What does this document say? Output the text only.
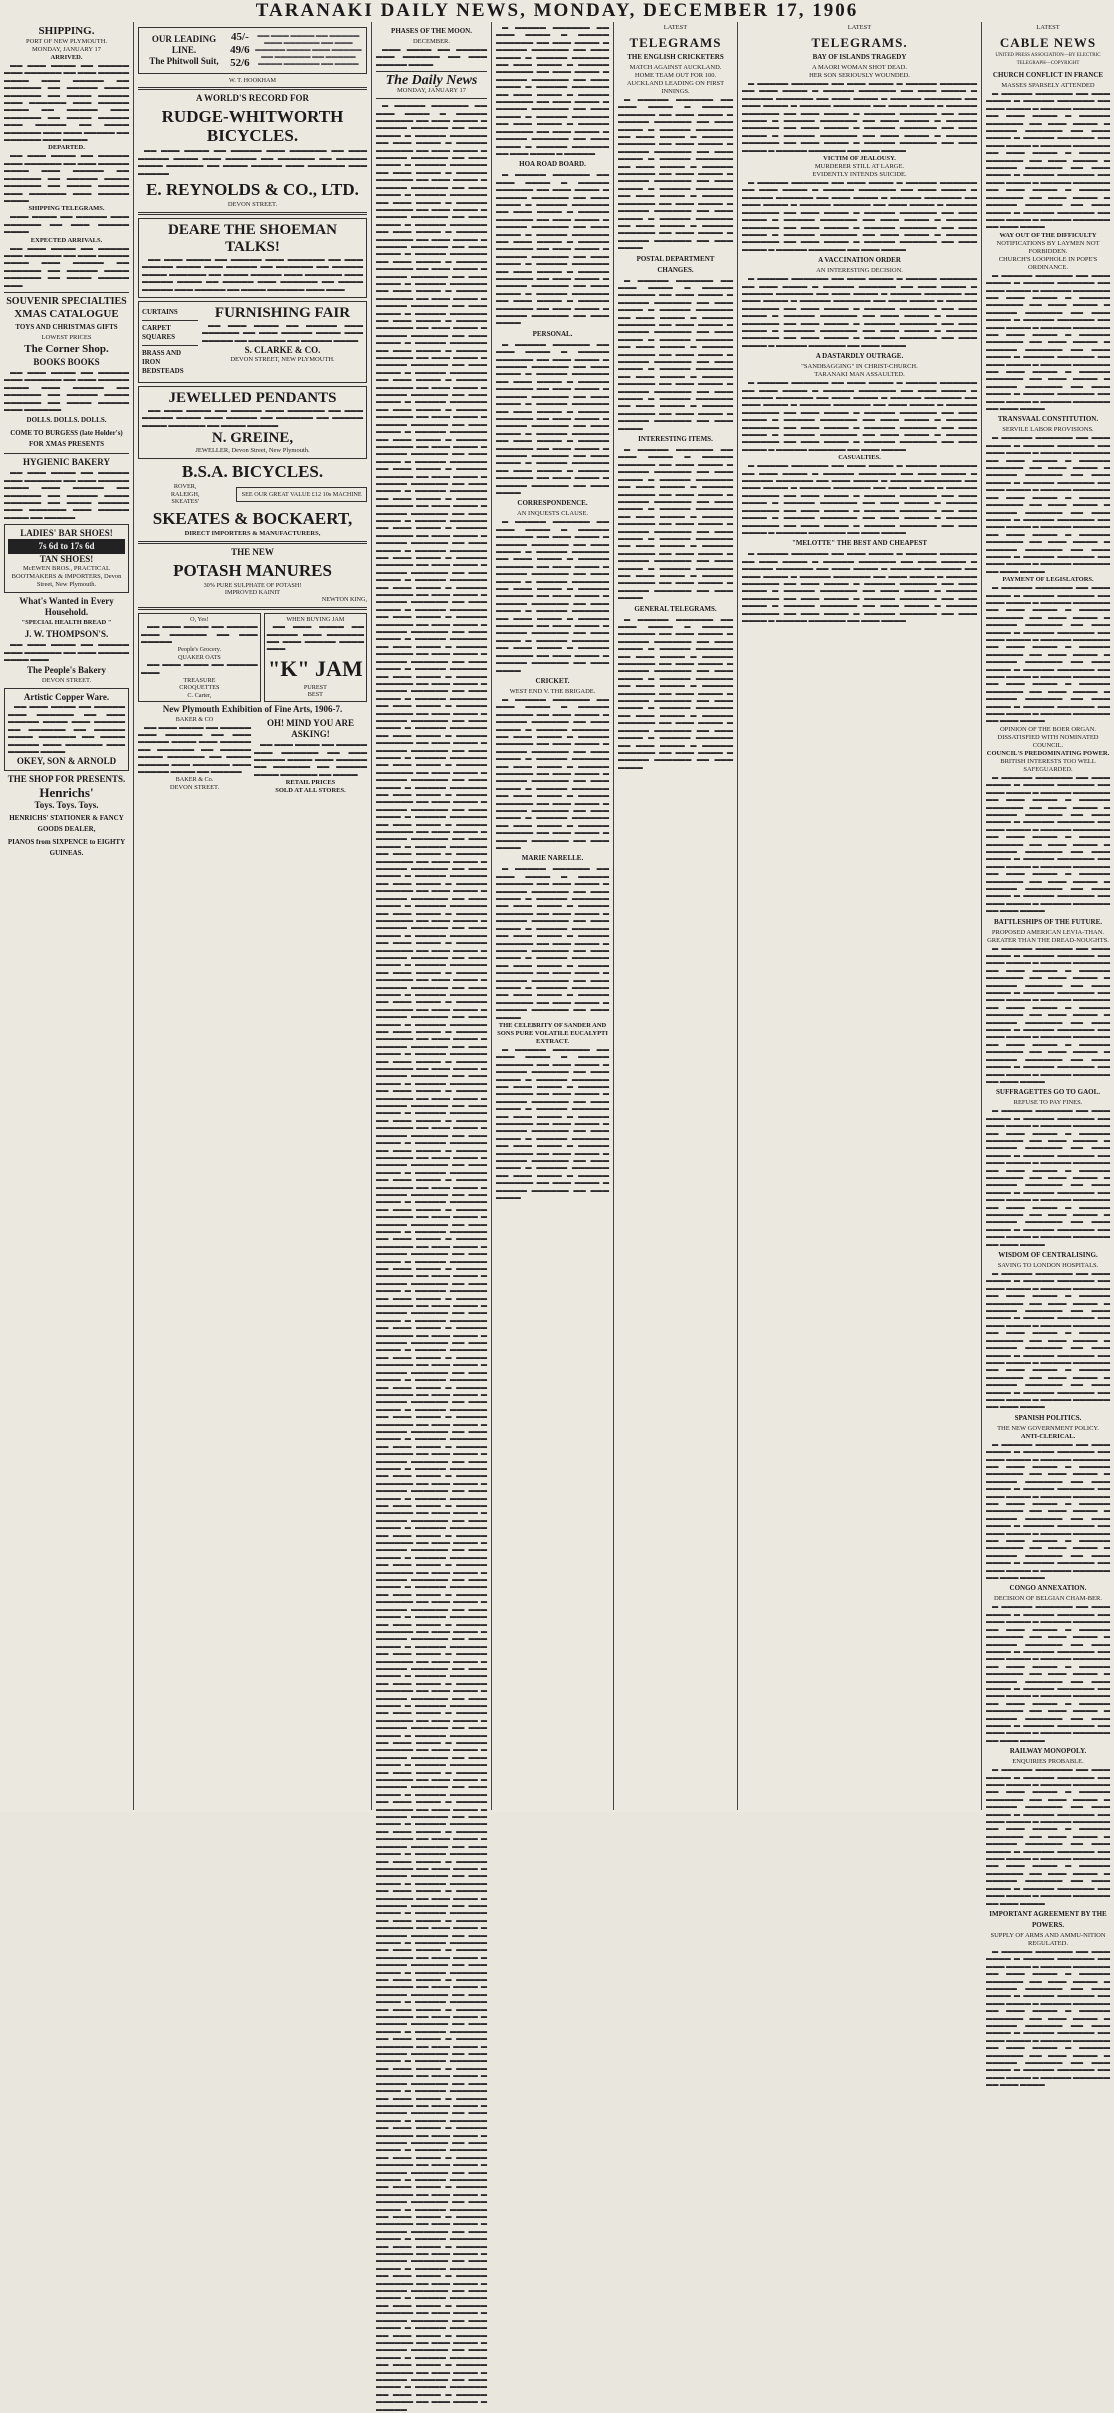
TARANAKI DAILY NEWS, MONDAY, DECEMBER 17, 1906
SHIPPING.
PORT OF NEW PLYMOUTH.
MONDAY, JANUARY 17
ARRIVED.

▬▬ ▬▬▬ ▬▬▬▬ ▬▬ ▬▬▬▬▬ ▬▬▬ ▬▬▬▬▬▬ ▬▬ ▬▬▬ ▬▬▬▬▬ ▬▬▬▬ ▬▬▬ ▬▬▬▬▬ ▬▬ ▬▬▬▬▬▬ ▬▬ ▬▬▬▬▬ ▬▬▬▬ ▬▬▬▬▬▬ ▬▬ ▬▬▬▬ ▬▬▬▬▬ ▬▬▬ ▬▬▬▬▬▬ ▬▬▬ ▬▬▬▬▬ ▬▬▬▬ ▬▬ ▬▬▬▬▬ ▬▬▬ ▬▬▬▬▬▬ ▬▬ ▬▬▬▬ ▬▬▬▬▬ ▬▬▬ ▬▬▬▬▬ ▬▬ ▬▬▬▬ ▬▬▬▬▬▬ ▬▬▬ ▬▬▬ ▬▬▬▬▬ ▬▬ ▬▬▬▬▬▬ ▬▬▬ ▬▬▬▬

DEPARTED.

▬▬ ▬▬▬ ▬▬▬▬ ▬▬ ▬▬▬▬▬ ▬▬▬ ▬▬▬▬▬▬ ▬▬ ▬▬▬ ▬▬▬▬▬ ▬▬▬▬ ▬▬▬ ▬▬▬▬▬ ▬▬ ▬▬▬▬▬▬ ▬▬ ▬▬▬▬▬ ▬▬▬▬ ▬▬▬▬▬▬ ▬▬ ▬▬▬▬ ▬▬▬▬▬ ▬▬▬ ▬▬▬▬▬▬ ▬▬▬ ▬▬▬▬▬ ▬▬▬▬

SHIPPING TELEGRAMS.

▬▬▬ ▬▬▬▬ ▬▬ ▬▬▬▬▬ ▬▬▬ ▬▬▬▬▬▬ ▬▬ ▬▬▬ ▬▬▬▬▬ ▬▬▬▬

EXPECTED ARRIVALS.

▬▬ ▬▬▬ ▬▬▬▬ ▬▬ ▬▬▬▬▬ ▬▬▬ ▬▬▬▬▬▬ ▬▬ ▬▬▬ ▬▬▬▬▬ ▬▬▬▬ ▬▬▬ ▬▬▬▬▬ ▬▬ ▬▬▬▬▬▬ ▬▬ ▬▬▬▬▬ ▬▬▬▬ ▬▬▬▬▬▬ ▬▬ ▬▬▬▬ ▬▬▬▬▬ ▬▬▬

SOUVENIR SPECIALTIES
XMAS CATALOGUE
TOYS AND CHRISTMAS GIFTS
LOWEST PRICES
The Corner Shop.
BOOKS BOOKS

▬▬ ▬▬▬ ▬▬▬▬ ▬▬ ▬▬▬▬▬ ▬▬▬ ▬▬▬▬▬▬ ▬▬ ▬▬▬ ▬▬▬▬▬ ▬▬▬▬ ▬▬▬ ▬▬▬▬▬ ▬▬ ▬▬▬▬▬▬ ▬▬ ▬▬▬▬▬ ▬▬▬▬ ▬▬▬▬▬▬ ▬▬ ▬▬▬▬ ▬▬▬▬▬ ▬▬▬ ▬▬▬▬▬▬

DOLLS. DOLLS. DOLLS.
COME TO BURGESS (late Holder's) FOR XMAS PRESENTS
HYGIENIC BAKERY

▬▬ ▬▬▬ ▬▬▬▬ ▬▬ ▬▬▬▬▬ ▬▬▬ ▬▬▬▬▬▬ ▬▬ ▬▬▬ ▬▬▬▬▬ ▬▬▬▬ ▬▬▬ ▬▬▬▬▬ ▬▬ ▬▬▬▬▬▬ ▬▬ ▬▬▬▬▬ ▬▬▬▬ ▬▬▬▬▬▬ ▬▬ ▬▬▬▬ ▬▬▬▬▬ ▬▬▬ ▬▬▬▬▬▬ ▬▬▬ ▬▬▬▬▬ ▬▬▬▬ ▬▬ ▬▬▬▬▬

LADIES' BAR SHOES!
7s 6d to 17s 6d
TAN SHOES!
McEWEN BROS., PRACTICAL BOOTMAKERS & IMPORTERS, Devon Street, New Plymouth.
What's Wanted in Every Household.
"SPECIAL HEALTH BREAD "
J. W. THOMPSON'S.

▬▬ ▬▬▬ ▬▬▬▬ ▬▬ ▬▬▬▬▬ ▬▬▬ ▬▬▬▬▬▬ ▬▬ ▬▬▬ ▬▬▬▬▬ ▬▬▬▬ ▬▬▬

The People's Bakery
DEVON STREET.
Artistic Copper Ware.

▬▬ ▬▬▬ ▬▬▬▬ ▬▬ ▬▬▬▬▬ ▬▬▬ ▬▬▬▬▬▬ ▬▬ ▬▬▬ ▬▬▬▬▬ ▬▬▬▬ ▬▬▬ ▬▬▬▬▬ ▬▬ ▬▬▬▬▬▬ ▬▬ ▬▬▬▬▬ ▬▬▬▬ ▬▬▬▬▬▬ ▬▬ ▬▬▬▬ ▬▬▬▬▬ ▬▬▬ ▬▬▬▬▬▬ ▬▬▬ ▬▬▬▬▬ ▬▬▬▬

OKEY, SON & ARNOLD
THE SHOP FOR PRESENTS.
Henrichs'
Toys. Toys. Toys.
HENRICHS' STATIONER & FANCY GOODS DEALER,
PIANOS from SIXPENCE to EIGHTY GUINEAS.
OUR LEADING LINE.
The Phitwoll Suit,
45/-
49/6
52/6
▬▬ ▬▬▬ ▬▬▬▬ ▬▬ ▬▬▬▬▬ ▬▬▬ ▬▬▬▬▬▬ ▬▬ ▬▬▬ ▬▬▬▬▬ ▬▬▬▬ ▬▬▬ ▬▬▬▬▬ ▬▬ ▬▬▬▬▬▬ ▬▬ ▬▬▬▬▬ ▬▬▬▬ ▬▬▬▬▬▬ ▬▬ ▬▬▬▬
W. T. HOOKHAM
A WORLD'S RECORD FOR
RUDGE-WHITWORTH BICYCLES.

▬▬ ▬▬▬ ▬▬▬▬ ▬▬ ▬▬▬▬▬ ▬▬▬ ▬▬▬▬▬▬ ▬▬ ▬▬▬ ▬▬▬▬▬ ▬▬▬▬ ▬▬▬ ▬▬▬▬▬ ▬▬ ▬▬▬▬▬▬ ▬▬ ▬▬▬▬▬ ▬▬▬▬ ▬▬▬▬▬▬ ▬▬ ▬▬▬▬ ▬▬▬▬▬ ▬▬▬ ▬▬▬▬▬▬ ▬▬▬ ▬▬▬▬▬

E. REYNOLDS & CO., LTD.
DEVON STREET.
DEARE THE SHOEMAN TALKS!

▬▬ ▬▬▬ ▬▬▬▬ ▬▬ ▬▬▬▬▬ ▬▬▬ ▬▬▬▬▬▬ ▬▬ ▬▬▬ ▬▬▬▬▬ ▬▬▬▬ ▬▬▬ ▬▬▬▬▬ ▬▬ ▬▬▬▬▬▬ ▬▬ ▬▬▬▬▬ ▬▬▬▬ ▬▬▬▬▬▬ ▬▬ ▬▬▬▬ ▬▬▬▬▬ ▬▬▬ ▬▬▬▬▬▬ ▬▬▬ ▬▬▬▬▬ ▬▬▬▬ ▬▬ ▬▬▬▬▬ ▬▬▬ ▬▬▬▬▬▬ ▬▬ ▬▬▬▬ ▬▬▬▬▬ ▬▬▬ ▬▬▬▬▬ ▬▬ ▬▬▬▬ ▬▬▬▬▬▬ ▬▬▬ ▬▬▬

CURTAINS
CARPET SQUARES
BRASS AND IRON BEDSTEADS
FURNISHING FAIR

▬▬ ▬▬▬ ▬▬▬▬ ▬▬ ▬▬▬▬▬ ▬▬▬ ▬▬▬▬▬▬ ▬▬ ▬▬▬ ▬▬▬▬▬ ▬▬▬▬ ▬▬▬ ▬▬▬▬▬ ▬▬ ▬▬▬▬▬▬ ▬▬ ▬▬▬▬▬ ▬▬▬▬

S. CLARKE & CO.
DEVON STREET, NEW PLYMOUTH.
JEWELLED PENDANTS

▬▬ ▬▬▬ ▬▬▬▬ ▬▬ ▬▬▬▬▬ ▬▬▬ ▬▬▬▬▬▬ ▬▬ ▬▬▬ ▬▬▬▬▬ ▬▬▬▬ ▬▬▬ ▬▬▬▬▬ ▬▬ ▬▬▬▬▬▬ ▬▬ ▬▬▬▬▬ ▬▬▬▬ ▬▬▬▬▬▬ ▬▬ ▬▬▬▬ ▬▬▬▬▬

N. GREINE,
JEWELLER, Devon Street, New Plymouth.
B.S.A. BICYCLES.
ROVER,
RALEIGH,
SKEATES'
SEE OUR GREAT VALUE £12 10s MACHINE
SKEATES & BOCKAERT,
DIRECT IMPORTERS & MANUFACTURERS,
THE NEW
POTASH MANURES
30% PURE SULPHATE OF POTASH!
IMPROVED KAINIT
NEWTON KING,
O, Yes!

▬▬ ▬▬▬ ▬▬▬▬ ▬▬ ▬▬▬▬▬ ▬▬▬ ▬▬▬▬▬▬ ▬▬ ▬▬▬ ▬▬▬▬▬

People's Grocery.
QUAKER OATS

▬▬ ▬▬▬ ▬▬▬▬ ▬▬ ▬▬▬▬▬ ▬▬▬

TREASURE
CROQUETTES
C. Carter,
WHEN BUYING JAM

▬▬ ▬▬▬ ▬▬▬▬ ▬▬ ▬▬▬▬▬ ▬▬▬ ▬▬▬▬▬▬ ▬▬ ▬▬▬ ▬▬▬▬▬ ▬▬▬▬ ▬▬▬

"K" JAM
PUREST
BEST
New Plymouth Exhibition of Fine Arts, 1906-7.
BAKER & CO

▬▬ ▬▬▬ ▬▬▬▬ ▬▬ ▬▬▬▬▬ ▬▬▬ ▬▬▬▬▬▬ ▬▬ ▬▬▬ ▬▬▬▬▬ ▬▬▬▬ ▬▬▬ ▬▬▬▬▬ ▬▬ ▬▬▬▬▬▬ ▬▬ ▬▬▬▬▬ ▬▬▬▬ ▬▬▬▬▬▬ ▬▬ ▬▬▬▬ ▬▬▬▬▬ ▬▬▬ ▬▬▬▬▬▬ ▬▬▬ ▬▬▬▬▬ ▬▬▬▬ ▬▬ ▬▬▬▬▬

BAKER & Co.
DEVON STREET.
OH! MIND YOU ARE ASKING!

▬▬ ▬▬▬ ▬▬▬▬ ▬▬ ▬▬▬▬▬ ▬▬▬ ▬▬▬▬▬▬ ▬▬ ▬▬▬ ▬▬▬▬▬ ▬▬▬▬ ▬▬▬ ▬▬▬▬▬ ▬▬ ▬▬▬▬▬▬ ▬▬ ▬▬▬▬▬ ▬▬▬▬ ▬▬▬▬▬▬ ▬▬ ▬▬▬▬

RETAIL PRICES
SOLD AT ALL STORES.
PHASES OF THE MOON.
DECEMBER.

▬▬▬ ▬▬▬▬ ▬▬ ▬▬▬▬▬ ▬▬▬ ▬▬▬▬▬▬ ▬▬ ▬▬▬ ▬▬▬▬▬ ▬▬▬▬

The Daily News
MONDAY, JANUARY 17

▬ ▬▬▬▬▬ ▬▬▬▬▬▬ ▬▬ ▬▬▬ ▬▬▬▬ ▬ ▬▬▬▬▬ ▬▬▬▬▬▬ ▬▬ ▬▬▬ ▬▬▬▬ ▬ ▬▬▬▬▬ ▬▬▬▬▬▬ ▬▬ ▬▬▬ ▬▬▬▬ ▬ ▬▬▬▬▬ ▬▬▬▬▬▬ ▬▬ ▬▬▬ ▬▬▬▬ ▬ ▬▬▬▬▬ ▬▬▬▬▬▬ ▬▬ ▬▬▬ ▬▬▬▬ ▬ ▬▬▬▬▬ ▬▬▬▬▬▬ ▬▬ ▬▬▬ ▬▬▬▬ ▬ ▬▬▬▬▬ ▬▬▬▬▬▬ ▬▬ ▬▬▬ ▬▬▬▬ ▬ ▬▬▬▬▬ ▬▬▬▬▬▬ ▬▬ ▬▬▬ ▬▬▬▬ ▬ ▬▬▬▬▬ ▬▬▬▬▬▬ ▬▬ ▬▬▬ ▬▬▬▬ ▬ ▬▬▬▬▬ ▬▬▬▬▬▬ ▬▬ ▬▬▬ ▬▬▬▬ ▬ ▬▬▬▬▬ ▬▬▬▬▬▬ ▬▬ ▬▬▬ ▬▬▬▬ ▬ ▬▬▬▬▬ ▬▬▬▬▬▬ ▬▬ ▬▬▬ ▬▬▬▬ ▬ ▬▬▬▬▬ ▬▬▬▬▬▬ ▬▬ ▬▬▬ ▬▬▬▬ ▬ ▬▬▬▬▬ ▬▬▬▬▬▬ ▬▬ ▬▬▬ ▬▬▬▬ ▬ ▬▬▬▬▬ ▬▬▬▬▬▬ ▬▬ ▬▬▬ ▬▬▬▬ ▬ ▬▬▬▬▬ ▬▬▬▬▬▬ ▬▬ ▬▬▬ ▬▬▬▬ ▬ ▬▬▬▬▬ ▬▬▬▬▬▬ ▬▬ ▬▬▬ ▬▬▬▬ ▬ ▬▬▬▬▬ ▬▬▬▬▬▬ ▬▬ ▬▬▬ ▬▬▬▬ ▬ ▬▬▬▬▬ ▬▬▬▬▬▬ ▬▬ ▬▬▬ ▬▬▬▬ ▬ ▬▬▬▬▬ ▬▬▬▬▬▬ ▬▬ ▬▬▬ ▬▬▬▬ ▬ ▬▬▬▬▬ ▬▬▬▬▬▬ ▬▬ ▬▬▬ ▬▬▬▬ ▬ ▬▬▬▬▬ ▬▬▬▬▬▬ ▬▬ ▬▬▬ ▬▬▬▬ ▬ ▬▬▬▬▬ ▬▬▬▬▬▬ ▬▬ ▬▬▬ ▬▬▬▬ ▬ ▬▬▬▬▬ ▬▬▬▬▬▬ ▬▬ ▬▬▬ ▬▬▬▬ ▬ ▬▬▬▬▬ ▬▬▬▬▬▬ ▬▬ ▬▬▬ ▬▬▬▬ ▬ ▬▬▬▬▬ ▬▬▬▬▬▬ ▬▬ ▬▬▬ ▬▬▬▬ ▬ ▬▬▬▬▬ ▬▬▬▬▬▬ ▬▬ ▬▬▬ ▬▬▬▬ ▬ ▬▬▬▬▬ ▬▬▬▬▬▬ ▬▬ ▬▬▬ ▬▬▬▬ ▬ ▬▬▬▬▬ ▬▬▬▬▬▬ ▬▬ ▬▬▬ ▬▬▬▬ ▬ ▬▬▬▬▬ ▬▬▬▬▬▬ ▬▬ ▬▬▬ ▬▬▬▬ ▬ ▬▬▬▬▬ ▬▬▬▬▬▬ ▬▬ ▬▬▬ ▬▬▬▬ ▬ ▬▬▬▬▬ ▬▬▬▬▬▬ ▬▬ ▬▬▬ ▬▬▬▬ ▬ ▬▬▬▬▬ ▬▬▬▬▬▬ ▬▬ ▬▬▬ ▬▬▬▬ ▬ ▬▬▬▬▬ ▬▬▬▬▬▬ ▬▬ ▬▬▬ ▬▬▬▬ ▬ ▬▬▬▬▬ ▬▬▬▬▬▬ ▬▬ ▬▬▬ ▬▬▬▬ ▬ ▬▬▬▬▬ ▬▬▬▬▬▬ ▬▬ ▬▬▬ ▬▬▬▬ ▬ ▬▬▬▬▬ ▬▬▬▬▬▬ ▬▬ ▬▬▬ ▬▬▬▬ ▬ ▬▬▬▬▬ ▬▬▬▬▬▬ ▬▬ ▬▬▬ ▬▬▬▬ ▬ ▬▬▬▬▬ ▬▬▬▬▬▬ ▬▬ ▬▬▬ ▬▬▬▬ ▬ ▬▬▬▬▬ ▬▬▬▬▬▬ ▬▬ ▬▬▬ ▬▬▬▬ ▬ ▬▬▬▬▬ ▬▬▬▬▬▬ ▬▬ ▬▬▬ ▬▬▬▬ ▬ ▬▬▬▬▬ ▬▬▬▬▬▬ ▬▬ ▬▬▬ ▬▬▬▬ ▬ ▬▬▬▬▬ ▬▬▬▬▬▬ ▬▬ ▬▬▬ ▬▬▬▬ ▬ ▬▬▬▬▬ ▬▬▬▬▬▬ ▬▬ ▬▬▬ ▬▬▬▬ ▬ ▬▬▬▬▬ ▬▬▬▬▬▬ ▬▬ ▬▬▬ ▬▬▬▬ ▬ ▬▬▬▬▬ ▬▬▬▬▬▬ ▬▬ ▬▬▬ ▬▬▬▬ ▬ ▬▬▬▬▬ ▬▬▬▬▬▬ ▬▬ ▬▬▬ ▬▬▬▬ ▬ ▬▬▬▬▬ ▬▬▬▬▬▬ ▬▬ ▬▬▬ ▬▬▬▬ ▬ ▬▬▬▬▬ ▬▬▬▬▬▬ ▬▬ ▬▬▬ ▬▬▬▬ ▬ ▬▬▬▬▬ ▬▬▬▬▬▬ ▬▬ ▬▬▬ ▬▬▬▬ ▬ ▬▬▬▬▬ ▬▬▬▬▬▬ ▬▬ ▬▬▬ ▬▬▬▬ ▬ ▬▬▬▬▬ ▬▬▬▬▬▬ ▬▬ ▬▬▬ ▬▬▬▬ ▬ ▬▬▬▬▬ ▬▬▬▬▬▬ ▬▬ ▬▬▬ ▬▬▬▬ ▬ ▬▬▬▬▬ ▬▬▬▬▬▬ ▬▬ ▬▬▬ ▬▬▬▬ ▬ ▬▬▬▬▬ ▬▬▬▬▬▬ ▬▬ ▬▬▬ ▬▬▬▬ ▬ ▬▬▬▬▬ ▬▬▬▬▬▬ ▬▬ ▬▬▬ ▬▬▬▬ ▬ ▬▬▬▬▬ ▬▬▬▬▬▬ ▬▬ ▬▬▬ ▬▬▬▬ ▬ ▬▬▬▬▬ ▬▬▬▬▬▬ ▬▬ ▬▬▬ ▬▬▬▬ ▬ ▬▬▬▬▬ ▬▬▬▬▬▬ ▬▬ ▬▬▬ ▬▬▬▬ ▬ ▬▬▬▬▬ ▬▬▬▬▬▬ ▬▬ ▬▬▬ ▬▬▬▬ ▬ ▬▬▬▬▬ ▬▬▬▬▬▬ ▬▬ ▬▬▬ ▬▬▬▬ ▬ ▬▬▬▬▬ ▬▬▬▬▬▬ ▬▬ ▬▬▬ ▬▬▬▬ ▬ ▬▬▬▬▬ ▬▬▬▬▬▬ ▬▬ ▬▬▬ ▬▬▬▬ ▬ ▬▬▬▬▬ ▬▬▬▬▬▬ ▬▬ ▬▬▬ ▬▬▬▬ ▬ ▬▬▬▬▬ ▬▬▬▬▬▬ ▬▬ ▬▬▬ ▬▬▬▬ ▬ ▬▬▬▬▬ ▬▬▬▬▬▬ ▬▬ ▬▬▬ ▬▬▬▬ ▬ ▬▬▬▬▬ ▬▬▬▬▬▬ ▬▬ ▬▬▬ ▬▬▬▬ ▬ ▬▬▬▬▬ ▬▬▬▬▬▬ ▬▬ ▬▬▬ ▬▬▬▬ ▬ ▬▬▬▬▬ ▬▬▬▬▬▬ ▬▬ ▬▬▬ ▬▬▬▬ ▬ ▬▬▬▬▬ ▬▬▬▬▬▬ ▬▬ ▬▬▬ ▬▬▬▬ ▬ ▬▬▬▬▬ ▬▬▬▬▬▬ ▬▬ ▬▬▬ ▬▬▬▬ ▬ ▬▬▬▬▬ ▬▬▬▬▬▬ ▬▬ ▬▬▬ ▬▬▬▬ ▬ ▬▬▬▬▬ ▬▬▬▬▬▬ ▬▬ ▬▬▬ ▬▬▬▬ ▬ ▬▬▬▬▬ ▬▬▬▬▬▬ ▬▬ ▬▬▬ ▬▬▬▬ ▬ ▬▬▬▬▬ ▬▬▬▬▬▬ ▬▬ ▬▬▬ ▬▬▬▬ ▬ ▬▬▬▬▬ ▬▬▬▬▬▬ ▬▬ ▬▬▬ ▬▬▬▬ ▬ ▬▬▬▬▬ ▬▬▬▬▬▬ ▬▬ ▬▬▬ ▬▬▬▬ ▬ ▬▬▬▬▬ ▬▬▬▬▬▬ ▬▬ ▬▬▬ ▬▬▬▬ ▬ ▬▬▬▬▬ ▬▬▬▬▬▬ ▬▬ ▬▬▬ ▬▬▬▬ ▬ ▬▬▬▬▬ ▬▬▬▬▬▬ ▬▬ ▬▬▬ ▬▬▬▬ ▬ ▬▬▬▬▬ ▬▬▬▬▬▬ ▬▬ ▬▬▬ ▬▬▬▬ ▬ ▬▬▬▬▬ ▬▬▬▬▬▬ ▬▬ ▬▬▬ ▬▬▬▬ ▬ ▬▬▬▬▬ ▬▬▬▬▬▬ ▬▬ ▬▬▬ ▬▬▬▬ ▬ ▬▬▬▬▬ ▬▬▬▬▬▬ ▬▬ ▬▬▬ ▬▬▬▬ ▬ ▬▬▬▬▬ ▬▬▬▬▬▬ ▬▬ ▬▬▬ ▬▬▬▬ ▬ ▬▬▬▬▬ ▬▬▬▬▬▬ ▬▬ ▬▬▬ ▬▬▬▬ ▬ ▬▬▬▬▬ ▬▬▬▬▬▬ ▬▬ ▬▬▬ ▬▬▬▬ ▬ ▬▬▬▬▬ ▬▬▬▬▬▬ ▬▬ ▬▬▬ ▬▬▬▬ ▬ ▬▬▬▬▬ ▬▬▬▬▬▬ ▬▬ ▬▬▬ ▬▬▬▬ ▬ ▬▬▬▬▬ ▬▬▬▬▬▬ ▬▬ ▬▬▬ ▬▬▬▬ ▬ ▬▬▬▬▬ ▬▬▬▬▬▬ ▬▬ ▬▬▬ ▬▬▬▬ ▬ ▬▬▬▬▬ ▬▬▬▬▬▬ ▬▬ ▬▬▬ ▬▬▬▬ ▬ ▬▬▬▬▬ ▬▬▬▬▬▬ ▬▬ ▬▬▬ ▬▬▬▬ ▬ ▬▬▬▬▬ ▬▬▬▬▬▬ ▬▬ ▬▬▬ ▬▬▬▬ ▬ ▬▬▬▬▬ ▬▬▬▬▬▬ ▬▬ ▬▬▬ ▬▬▬▬ ▬ ▬▬▬▬▬ ▬▬▬▬▬▬ ▬▬ ▬▬▬ ▬▬▬▬ ▬ ▬▬▬▬▬ ▬▬▬▬▬▬ ▬▬ ▬▬▬ ▬▬▬▬ ▬ ▬▬▬▬▬ ▬▬▬▬▬▬ ▬▬ ▬▬▬ ▬▬▬▬ ▬ ▬▬▬▬▬ ▬▬▬▬▬▬ ▬▬ ▬▬▬ ▬▬▬▬ ▬ ▬▬▬▬▬ ▬▬▬▬▬▬ ▬▬ ▬▬▬ ▬▬▬▬ ▬ ▬▬▬▬▬ ▬▬▬▬▬▬ ▬▬ ▬▬▬ ▬▬▬▬ ▬ ▬▬▬▬▬ ▬▬▬▬▬▬ ▬▬ ▬▬▬ ▬▬▬▬ ▬ ▬▬▬▬▬ ▬▬▬▬▬▬ ▬▬ ▬▬▬ ▬▬▬▬ ▬ ▬▬▬▬▬ ▬▬▬▬▬▬ ▬▬ ▬▬▬ ▬▬▬▬ ▬ ▬▬▬▬▬ ▬▬▬▬▬▬ ▬▬ ▬▬▬ ▬▬▬▬ ▬ ▬▬▬▬▬ ▬▬▬▬▬▬ ▬▬ ▬▬▬ ▬▬▬▬ ▬ ▬▬▬▬▬ ▬▬▬▬▬▬ ▬▬ ▬▬▬ ▬▬▬▬ ▬ ▬▬▬▬▬ ▬▬▬▬▬▬ ▬▬ ▬▬▬ ▬▬▬▬ ▬ ▬▬▬▬▬ ▬▬▬▬▬▬ ▬▬ ▬▬▬ ▬▬▬▬ ▬ ▬▬▬▬▬ ▬▬▬▬▬▬ ▬▬ ▬▬▬ ▬▬▬▬ ▬ ▬▬▬▬▬ ▬▬▬▬▬▬ ▬▬ ▬▬▬ ▬▬▬▬ ▬ ▬▬▬▬▬ ▬▬▬▬▬▬ ▬▬ ▬▬▬ ▬▬▬▬ ▬ ▬▬▬▬▬ ▬▬▬▬▬▬ ▬▬ ▬▬▬ ▬▬▬▬ ▬ ▬▬▬▬▬ ▬▬▬▬▬▬ ▬▬ ▬▬▬ ▬▬▬▬ ▬ ▬▬▬▬▬ ▬▬▬▬▬▬ ▬▬ ▬▬▬ ▬▬▬▬ ▬ ▬▬▬▬▬ ▬▬▬▬▬▬ ▬▬ ▬▬▬ ▬▬▬▬ ▬ ▬▬▬▬▬ ▬▬▬▬▬▬ ▬▬ ▬▬▬ ▬▬▬▬ ▬ ▬▬▬▬▬ ▬▬▬▬▬▬ ▬▬ ▬▬▬ ▬▬▬▬ ▬ ▬▬▬▬▬ ▬▬▬▬▬▬ ▬▬ ▬▬▬ ▬▬▬▬ ▬ ▬▬▬▬▬ ▬▬▬▬▬▬ ▬▬ ▬▬▬ ▬▬▬▬ ▬ ▬▬▬▬▬ ▬▬▬▬▬▬ ▬▬ ▬▬▬ ▬▬▬▬ ▬ ▬▬▬▬▬ ▬▬▬▬▬▬ ▬▬ ▬▬▬ ▬▬▬▬ ▬ ▬▬▬▬▬ ▬▬▬▬▬▬ ▬▬ ▬▬▬ ▬▬▬▬ ▬ ▬▬▬▬▬ ▬▬▬▬▬▬ ▬▬ ▬▬▬ ▬▬▬▬ ▬ ▬▬▬▬▬ ▬▬▬▬▬▬ ▬▬ ▬▬▬ ▬▬▬▬ ▬ ▬▬▬▬▬ ▬▬▬▬▬▬ ▬▬ ▬▬▬ ▬▬▬▬ ▬ ▬▬▬▬▬ ▬▬▬▬▬▬ ▬▬ ▬▬▬ ▬▬▬▬ ▬ ▬▬▬▬▬ ▬▬▬▬▬▬ ▬▬ ▬▬▬ ▬▬▬▬ ▬ ▬▬▬▬▬ ▬▬▬▬▬▬ ▬▬ ▬▬▬ ▬▬▬▬ ▬ ▬▬▬▬▬ ▬▬▬▬▬▬ ▬▬ ▬▬▬ ▬▬▬▬ ▬ ▬▬▬▬▬ ▬▬▬▬▬▬ ▬▬ ▬▬▬ ▬▬▬▬ ▬ ▬▬▬▬▬ ▬▬▬▬▬▬ ▬▬ ▬▬▬ ▬▬▬▬ ▬ ▬▬▬▬▬ ▬▬▬▬▬▬ ▬▬ ▬▬▬ ▬▬▬▬ ▬ ▬▬▬▬▬ ▬▬▬▬▬▬ ▬▬ ▬▬▬ ▬▬▬▬ ▬ ▬▬▬▬▬ ▬▬▬▬▬▬ ▬▬ ▬▬▬ ▬▬▬▬ ▬ ▬▬▬▬▬ ▬▬▬▬▬▬ ▬▬ ▬▬▬ ▬▬▬▬ ▬ ▬▬▬▬▬ ▬▬▬▬▬▬ ▬▬ ▬▬▬ ▬▬▬▬ ▬ ▬▬▬▬▬ ▬▬▬▬▬▬ ▬▬ ▬▬▬ ▬▬▬▬ ▬ ▬▬▬▬▬ ▬▬▬▬▬▬ ▬▬ ▬▬▬ ▬▬▬▬ ▬ ▬▬▬▬▬ ▬▬▬▬▬▬ ▬▬ ▬▬▬ ▬▬▬▬ ▬ ▬▬▬▬▬ ▬▬▬▬▬▬ ▬▬ ▬▬▬ ▬▬▬▬ ▬ ▬▬▬▬▬ ▬▬▬▬▬▬ ▬▬ ▬▬▬ ▬▬▬▬ ▬ ▬▬▬▬▬ ▬▬▬▬▬▬ ▬▬ ▬▬▬ ▬▬▬▬ ▬ ▬▬▬▬▬ ▬▬▬▬▬▬ ▬▬ ▬▬▬ ▬▬▬▬ ▬ ▬▬▬▬▬ ▬▬▬▬▬▬ ▬▬ ▬▬▬ ▬▬▬▬ ▬ ▬▬▬▬▬ ▬▬▬▬▬▬ ▬▬ ▬▬▬ ▬▬▬▬ ▬ ▬▬▬▬▬ ▬▬▬▬▬▬ ▬▬ ▬▬▬ ▬▬▬▬ ▬ ▬▬▬▬▬ ▬▬▬▬▬▬ ▬▬ ▬▬▬ ▬▬▬▬ ▬ ▬▬▬▬▬ ▬▬▬▬▬▬ ▬▬ ▬▬▬ ▬▬▬▬ ▬ ▬▬▬▬▬ ▬▬▬▬▬▬ ▬▬ ▬▬▬ ▬▬▬▬ ▬ ▬▬▬▬▬ ▬▬▬▬▬▬ ▬▬ ▬▬▬ ▬▬▬▬ ▬ ▬▬▬▬▬ ▬▬▬▬▬▬ ▬▬ ▬▬▬ ▬▬▬▬ ▬ ▬▬▬▬▬ ▬▬▬▬▬▬ ▬▬ ▬▬▬ ▬▬▬▬ ▬ ▬▬▬▬▬ ▬▬▬▬▬▬ ▬▬ ▬▬▬ ▬▬▬▬ ▬ ▬▬▬▬▬ ▬▬▬▬▬▬ ▬▬ ▬▬▬ ▬▬▬▬ ▬ ▬▬▬▬▬ ▬▬▬▬▬▬ ▬▬ ▬▬▬ ▬▬▬▬ ▬ ▬▬▬▬▬ ▬▬▬▬▬▬ ▬▬ ▬▬▬ ▬▬▬▬ ▬ ▬▬▬▬▬ ▬▬▬▬▬▬ ▬▬ ▬▬▬ ▬▬▬▬ ▬ ▬▬▬▬▬ ▬▬▬▬▬▬ ▬▬ ▬▬▬ ▬▬▬▬ ▬ ▬▬▬▬▬ ▬▬▬▬▬▬ ▬▬ ▬▬▬ ▬▬▬▬ ▬ ▬▬▬▬▬ ▬▬▬▬▬▬ ▬▬ ▬▬▬ ▬▬▬▬ ▬ ▬▬▬▬▬ ▬▬▬▬▬▬ ▬▬ ▬▬▬ ▬▬▬▬ ▬ ▬▬▬▬▬ ▬▬▬▬▬▬ ▬▬ ▬▬▬ ▬▬▬▬ ▬ ▬▬▬▬▬ ▬▬▬▬▬▬ ▬▬ ▬▬▬ ▬▬▬▬ ▬ ▬▬▬▬▬ ▬▬▬▬▬▬ ▬▬ ▬▬▬ ▬▬▬▬ ▬ ▬▬▬▬▬ ▬▬▬▬▬▬ ▬▬ ▬▬▬ ▬▬▬▬ ▬ ▬▬▬▬▬ ▬▬▬▬▬▬ ▬▬ ▬▬▬ ▬▬▬▬ ▬ ▬▬▬▬▬ ▬▬▬▬▬▬ ▬▬ ▬▬▬ ▬▬▬▬ ▬ ▬▬▬▬▬ ▬▬▬▬▬▬ ▬▬ ▬▬▬ ▬▬▬▬ ▬ ▬▬▬▬▬ ▬▬▬▬▬▬ ▬▬ ▬▬▬ ▬▬▬▬ ▬ ▬▬▬▬▬ ▬▬▬▬▬▬ ▬▬ ▬▬▬ ▬▬▬▬ ▬ ▬▬▬▬▬ ▬▬▬▬▬▬ ▬▬ ▬▬▬ ▬▬▬▬ ▬ ▬▬▬▬▬ ▬▬▬▬▬▬ ▬▬ ▬▬▬ ▬▬▬▬ ▬ ▬▬▬▬▬ ▬▬▬▬▬▬ ▬▬ ▬▬▬ ▬▬▬▬ ▬ ▬▬▬▬▬ ▬▬▬▬▬▬ ▬▬ ▬▬▬ ▬▬▬▬ ▬ ▬▬▬▬▬ ▬▬▬▬▬▬ ▬▬ ▬▬▬ ▬▬▬▬ ▬ ▬▬▬▬▬ ▬▬▬▬▬▬ ▬▬ ▬▬▬ ▬▬▬▬ ▬ ▬▬▬▬▬ ▬▬▬▬▬▬ ▬▬ ▬▬▬ ▬▬▬▬ ▬ ▬▬▬▬▬ ▬▬▬▬▬▬ ▬▬ ▬▬▬ ▬▬▬▬ ▬ ▬▬▬▬▬ ▬▬▬▬▬▬ ▬▬ ▬▬▬ ▬▬▬▬ ▬ ▬▬▬▬▬ ▬▬▬▬▬▬ ▬▬ ▬▬▬ ▬▬▬▬ ▬ ▬▬▬▬▬ ▬▬▬▬▬▬ ▬▬ ▬▬▬ ▬▬▬▬ ▬ ▬▬▬▬▬ ▬▬▬▬▬▬ ▬▬ ▬▬▬ ▬▬▬▬ ▬ ▬▬▬▬▬ ▬▬▬▬▬▬ ▬▬ ▬▬▬ ▬▬▬▬ ▬ ▬▬▬▬▬ ▬▬▬▬▬▬ ▬▬ ▬▬▬ ▬▬▬▬ ▬ ▬▬▬▬▬ ▬▬▬▬▬▬ ▬▬ ▬▬▬ ▬▬▬▬ ▬ ▬▬▬▬▬ ▬▬▬▬▬▬ ▬▬ ▬▬▬ ▬▬▬▬ ▬ ▬▬▬▬▬ ▬▬▬▬▬▬ ▬▬ ▬▬▬ ▬▬▬▬ ▬ ▬▬▬▬▬ ▬▬▬▬▬▬ ▬▬ ▬▬▬ ▬▬▬▬ ▬ ▬▬▬▬▬ ▬▬▬▬▬▬ ▬▬ ▬▬▬ ▬▬▬▬ ▬ ▬▬▬▬▬ ▬▬▬▬▬▬ ▬▬ ▬▬▬ ▬▬▬▬ ▬ ▬▬▬▬▬ ▬▬▬▬▬▬ ▬▬ ▬▬▬ ▬▬▬▬ ▬ ▬▬▬▬▬ ▬▬▬▬▬▬ ▬▬ ▬▬▬ ▬▬▬▬ ▬ ▬▬▬▬▬ ▬▬▬▬▬▬ ▬▬ ▬▬▬ ▬▬▬▬ ▬ ▬▬▬▬▬ ▬▬▬▬▬▬ ▬▬ ▬▬▬ ▬▬▬▬ ▬ ▬▬▬▬▬ ▬▬▬▬▬▬ ▬▬ ▬▬▬ ▬▬▬▬ ▬ ▬▬▬▬▬ ▬▬▬▬▬▬ ▬▬ ▬▬▬ ▬▬▬▬ ▬ ▬▬▬▬▬ ▬▬▬▬▬▬ ▬▬ ▬▬▬ ▬▬▬▬ ▬ ▬▬▬▬▬ ▬▬▬▬▬▬ ▬▬ ▬▬▬ ▬▬▬▬ ▬ ▬▬▬▬▬ ▬▬▬▬▬▬ ▬▬ ▬▬▬ ▬▬▬▬ ▬ ▬▬▬▬▬ ▬▬▬▬▬▬ ▬▬ ▬▬▬ ▬▬▬▬ ▬ ▬▬▬▬▬ ▬▬▬▬▬▬ ▬▬ ▬▬▬ ▬▬▬▬ ▬ ▬▬▬▬▬ ▬▬▬▬▬▬ ▬▬ ▬▬▬ ▬▬▬▬ ▬ ▬▬▬▬▬ ▬▬▬▬▬▬ ▬▬ ▬▬▬ ▬▬▬▬ ▬ ▬▬▬▬▬ ▬▬▬▬▬▬ ▬▬ ▬▬▬ ▬▬▬▬ ▬ ▬▬▬▬▬ ▬▬▬▬▬▬ ▬▬ ▬▬▬ ▬▬▬▬ ▬ ▬▬▬▬▬ ▬▬▬▬▬▬ ▬▬ ▬▬▬ ▬▬▬▬ ▬ ▬▬▬▬▬ ▬▬▬▬▬▬ ▬▬ ▬▬▬ ▬▬▬▬ ▬ ▬▬▬▬▬ ▬▬▬▬▬▬ ▬▬ ▬▬▬ ▬▬▬▬ ▬ ▬▬▬▬▬ ▬▬▬▬▬▬ ▬▬ ▬▬▬ ▬▬▬▬ ▬ ▬▬▬▬▬ ▬▬▬▬▬▬ ▬▬ ▬▬▬ ▬▬▬▬ ▬ ▬▬▬▬▬ ▬▬▬▬▬▬ ▬▬ ▬▬▬ ▬▬▬▬ ▬ ▬▬▬▬▬ ▬▬▬▬▬▬ ▬▬ ▬▬▬ ▬▬▬▬ ▬ ▬▬▬▬▬ ▬▬▬▬▬▬ ▬▬ ▬▬▬ ▬▬▬▬ ▬ ▬▬▬▬▬ ▬▬▬▬▬▬ ▬▬ ▬▬▬ ▬▬▬▬ ▬ ▬▬▬▬▬ ▬▬▬▬▬▬ ▬▬ ▬▬▬ ▬▬▬▬ ▬ ▬▬▬▬▬ ▬▬▬▬▬▬ ▬▬ ▬▬▬ ▬▬▬▬ ▬ ▬▬▬▬▬ ▬▬▬▬▬▬ ▬▬ ▬▬▬ ▬▬▬▬ ▬ ▬▬▬▬▬ ▬▬▬▬▬▬ ▬▬ ▬▬▬ ▬▬▬▬ ▬ ▬▬▬▬▬ ▬▬▬▬▬▬ ▬▬ ▬▬▬ ▬▬▬▬ ▬ ▬▬▬▬▬ ▬▬▬▬▬▬ ▬▬ ▬▬▬ ▬▬▬▬ ▬ ▬▬▬▬▬ ▬▬▬▬▬▬ ▬▬ ▬▬▬ ▬▬▬▬ ▬ ▬▬▬▬▬ ▬▬▬▬▬▬ ▬▬ ▬▬▬ ▬▬▬▬ ▬ ▬▬▬▬▬ ▬▬▬▬▬▬ ▬▬ ▬▬▬ ▬▬▬▬ ▬ ▬▬▬▬▬ ▬▬▬▬▬▬ ▬▬ ▬▬▬ ▬▬▬▬ ▬ ▬▬▬▬▬ ▬▬▬▬▬▬ ▬▬ ▬▬▬ ▬▬▬▬ ▬ ▬▬▬▬▬ ▬▬▬▬▬▬ ▬▬ ▬▬▬ ▬▬▬▬ ▬ ▬▬▬▬▬ ▬▬▬▬▬▬ ▬▬ ▬▬▬ ▬▬▬▬ ▬ ▬▬▬▬▬ ▬▬▬▬▬▬ ▬▬ ▬▬▬ ▬▬▬▬ ▬ ▬▬▬▬▬ ▬▬▬▬▬▬ ▬▬ ▬▬▬ ▬▬▬▬ ▬ ▬▬▬▬▬ ▬▬▬▬▬▬ ▬▬ ▬▬▬ ▬▬▬▬ ▬ ▬▬▬▬▬ ▬▬▬▬▬▬ ▬▬ ▬▬▬ ▬▬▬▬ ▬ ▬▬▬▬▬ ▬▬▬▬▬▬ ▬▬ ▬▬▬ ▬▬▬▬ ▬ ▬▬▬▬▬

▬ ▬▬▬▬▬ ▬▬▬▬▬▬ ▬▬ ▬▬▬ ▬▬▬▬ ▬ ▬▬▬▬▬ ▬▬▬▬▬▬ ▬▬ ▬▬▬ ▬▬▬▬ ▬ ▬▬▬▬▬ ▬▬▬▬▬▬ ▬▬ ▬▬▬ ▬▬▬▬ ▬ ▬▬▬▬▬ ▬▬▬▬▬▬ ▬▬ ▬▬▬ ▬▬▬▬ ▬ ▬▬▬▬▬ ▬▬▬▬▬▬ ▬▬ ▬▬▬ ▬▬▬▬ ▬ ▬▬▬▬▬ ▬▬▬▬▬▬ ▬▬ ▬▬▬ ▬▬▬▬ ▬ ▬▬▬▬▬ ▬▬▬▬▬▬ ▬▬ ▬▬▬ ▬▬▬▬ ▬ ▬▬▬▬▬ ▬▬▬▬▬▬ ▬▬ ▬▬▬ ▬▬▬▬ ▬ ▬▬▬▬▬ ▬▬▬▬▬▬ ▬▬ ▬▬▬ ▬▬▬▬ ▬ ▬▬▬▬▬ ▬▬▬▬▬▬ ▬▬ ▬▬▬ ▬▬▬▬ ▬ ▬▬▬▬▬ ▬▬▬▬▬▬ ▬▬ ▬▬▬ ▬▬▬▬ ▬ ▬▬▬▬▬ ▬▬▬▬▬▬ ▬▬ ▬▬▬ ▬▬▬▬ ▬ ▬▬▬▬▬ ▬▬▬▬▬▬ ▬▬ ▬▬▬ ▬▬▬▬ ▬ ▬▬▬▬▬

HOA ROAD BOARD.

▬ ▬▬▬▬▬ ▬▬▬▬▬▬ ▬▬ ▬▬▬ ▬▬▬▬ ▬ ▬▬▬▬▬ ▬▬▬▬▬▬ ▬▬ ▬▬▬ ▬▬▬▬ ▬ ▬▬▬▬▬ ▬▬▬▬▬▬ ▬▬ ▬▬▬ ▬▬▬▬ ▬ ▬▬▬▬▬ ▬▬▬▬▬▬ ▬▬ ▬▬▬ ▬▬▬▬ ▬ ▬▬▬▬▬ ▬▬▬▬▬▬ ▬▬ ▬▬▬ ▬▬▬▬ ▬ ▬▬▬▬▬ ▬▬▬▬▬▬ ▬▬ ▬▬▬ ▬▬▬▬ ▬ ▬▬▬▬▬ ▬▬▬▬▬▬ ▬▬ ▬▬▬ ▬▬▬▬ ▬ ▬▬▬▬▬ ▬▬▬▬▬▬ ▬▬ ▬▬▬ ▬▬▬▬ ▬ ▬▬▬▬▬ ▬▬▬▬▬▬ ▬▬ ▬▬▬ ▬▬▬▬ ▬ ▬▬▬▬▬ ▬▬▬▬▬▬ ▬▬ ▬▬▬ ▬▬▬▬ ▬ ▬▬▬▬▬ ▬▬▬▬▬▬ ▬▬ ▬▬▬ ▬▬▬▬ ▬ ▬▬▬▬▬ ▬▬▬▬▬▬ ▬▬ ▬▬▬ ▬▬▬▬ ▬ ▬▬▬▬▬ ▬▬▬▬▬▬ ▬▬ ▬▬▬ ▬▬▬▬ ▬ ▬▬▬▬▬ ▬▬▬▬▬▬ ▬▬ ▬▬▬ ▬▬▬▬ ▬ ▬▬▬▬▬ ▬▬▬▬▬▬ ▬▬ ▬▬▬ ▬▬▬▬

PERSONAL.

▬ ▬▬▬▬▬ ▬▬▬▬▬▬ ▬▬ ▬▬▬ ▬▬▬▬ ▬ ▬▬▬▬▬ ▬▬▬▬▬▬ ▬▬ ▬▬▬ ▬▬▬▬ ▬ ▬▬▬▬▬ ▬▬▬▬▬▬ ▬▬ ▬▬▬ ▬▬▬▬ ▬ ▬▬▬▬▬ ▬▬▬▬▬▬ ▬▬ ▬▬▬ ▬▬▬▬ ▬ ▬▬▬▬▬ ▬▬▬▬▬▬ ▬▬ ▬▬▬ ▬▬▬▬ ▬ ▬▬▬▬▬ ▬▬▬▬▬▬ ▬▬ ▬▬▬ ▬▬▬▬ ▬ ▬▬▬▬▬ ▬▬▬▬▬▬ ▬▬ ▬▬▬ ▬▬▬▬ ▬ ▬▬▬▬▬ ▬▬▬▬▬▬ ▬▬ ▬▬▬ ▬▬▬▬ ▬ ▬▬▬▬▬ ▬▬▬▬▬▬ ▬▬ ▬▬▬ ▬▬▬▬ ▬ ▬▬▬▬▬ ▬▬▬▬▬▬ ▬▬ ▬▬▬ ▬▬▬▬ ▬ ▬▬▬▬▬ ▬▬▬▬▬▬ ▬▬ ▬▬▬ ▬▬▬▬ ▬ ▬▬▬▬▬ ▬▬▬▬▬▬ ▬▬ ▬▬▬ ▬▬▬▬ ▬ ▬▬▬▬▬ ▬▬▬▬▬▬ ▬▬ ▬▬▬ ▬▬▬▬ ▬ ▬▬▬▬▬ ▬▬▬▬▬▬ ▬▬ ▬▬▬ ▬▬▬▬ ▬ ▬▬▬▬▬ ▬▬▬▬▬▬ ▬▬ ▬▬▬ ▬▬▬▬

CORRESPONDENCE.
AN INQUESTS CLAUSE.

▬ ▬▬▬▬▬ ▬▬▬▬▬▬ ▬▬ ▬▬▬ ▬▬▬▬ ▬ ▬▬▬▬▬ ▬▬▬▬▬▬ ▬▬ ▬▬▬ ▬▬▬▬ ▬ ▬▬▬▬▬ ▬▬▬▬▬▬ ▬▬ ▬▬▬ ▬▬▬▬ ▬ ▬▬▬▬▬ ▬▬▬▬▬▬ ▬▬ ▬▬▬ ▬▬▬▬ ▬ ▬▬▬▬▬ ▬▬▬▬▬▬ ▬▬ ▬▬▬ ▬▬▬▬ ▬ ▬▬▬▬▬ ▬▬▬▬▬▬ ▬▬ ▬▬▬ ▬▬▬▬ ▬ ▬▬▬▬▬ ▬▬▬▬▬▬ ▬▬ ▬▬▬ ▬▬▬▬ ▬ ▬▬▬▬▬ ▬▬▬▬▬▬ ▬▬ ▬▬▬ ▬▬▬▬ ▬ ▬▬▬▬▬ ▬▬▬▬▬▬ ▬▬ ▬▬▬ ▬▬▬▬ ▬ ▬▬▬▬▬ ▬▬▬▬▬▬ ▬▬ ▬▬▬ ▬▬▬▬ ▬ ▬▬▬▬▬ ▬▬▬▬▬▬ ▬▬ ▬▬▬ ▬▬▬▬ ▬ ▬▬▬▬▬ ▬▬▬▬▬▬ ▬▬ ▬▬▬ ▬▬▬▬ ▬ ▬▬▬▬▬ ▬▬▬▬▬▬ ▬▬ ▬▬▬ ▬▬▬▬ ▬ ▬▬▬▬▬ ▬▬▬▬▬▬ ▬▬ ▬▬▬ ▬▬▬▬ ▬ ▬▬▬▬▬ ▬▬▬▬▬▬ ▬▬ ▬▬▬ ▬▬▬▬

CRICKET.
WEST END V. THE BRIGADE.

▬ ▬▬▬▬▬ ▬▬▬▬▬▬ ▬▬ ▬▬▬ ▬▬▬▬ ▬ ▬▬▬▬▬ ▬▬▬▬▬▬ ▬▬ ▬▬▬ ▬▬▬▬ ▬ ▬▬▬▬▬ ▬▬▬▬▬▬ ▬▬ ▬▬▬ ▬▬▬▬ ▬ ▬▬▬▬▬ ▬▬▬▬▬▬ ▬▬ ▬▬▬ ▬▬▬▬ ▬ ▬▬▬▬▬ ▬▬▬▬▬▬ ▬▬ ▬▬▬ ▬▬▬▬ ▬ ▬▬▬▬▬ ▬▬▬▬▬▬ ▬▬ ▬▬▬ ▬▬▬▬ ▬ ▬▬▬▬▬ ▬▬▬▬▬▬ ▬▬ ▬▬▬ ▬▬▬▬ ▬ ▬▬▬▬▬ ▬▬▬▬▬▬ ▬▬ ▬▬▬ ▬▬▬▬ ▬ ▬▬▬▬▬ ▬▬▬▬▬▬ ▬▬ ▬▬▬ ▬▬▬▬ ▬ ▬▬▬▬▬ ▬▬▬▬▬▬ ▬▬ ▬▬▬ ▬▬▬▬ ▬ ▬▬▬▬▬ ▬▬▬▬▬▬ ▬▬ ▬▬▬ ▬▬▬▬ ▬ ▬▬▬▬▬ ▬▬▬▬▬▬ ▬▬ ▬▬▬ ▬▬▬▬ ▬ ▬▬▬▬▬ ▬▬▬▬▬▬ ▬▬ ▬▬▬ ▬▬▬▬ ▬ ▬▬▬▬▬ ▬▬▬▬▬▬ ▬▬ ▬▬▬ ▬▬▬▬ ▬ ▬▬▬▬▬ ▬▬▬▬▬▬ ▬▬ ▬▬▬ ▬▬▬▬

MARIE NARELLE.

▬ ▬▬▬▬▬ ▬▬▬▬▬▬ ▬▬ ▬▬▬ ▬▬▬▬ ▬ ▬▬▬▬▬ ▬▬▬▬▬▬ ▬▬ ▬▬▬ ▬▬▬▬ ▬ ▬▬▬▬▬ ▬▬▬▬▬▬ ▬▬ ▬▬▬ ▬▬▬▬ ▬ ▬▬▬▬▬ ▬▬▬▬▬▬ ▬▬ ▬▬▬ ▬▬▬▬ ▬ ▬▬▬▬▬ ▬▬▬▬▬▬ ▬▬ ▬▬▬ ▬▬▬▬ ▬ ▬▬▬▬▬ ▬▬▬▬▬▬ ▬▬ ▬▬▬ ▬▬▬▬ ▬ ▬▬▬▬▬ ▬▬▬▬▬▬ ▬▬ ▬▬▬ ▬▬▬▬ ▬ ▬▬▬▬▬ ▬▬▬▬▬▬ ▬▬ ▬▬▬ ▬▬▬▬ ▬ ▬▬▬▬▬ ▬▬▬▬▬▬ ▬▬ ▬▬▬ ▬▬▬▬ ▬ ▬▬▬▬▬ ▬▬▬▬▬▬ ▬▬ ▬▬▬ ▬▬▬▬ ▬ ▬▬▬▬▬ ▬▬▬▬▬▬ ▬▬ ▬▬▬ ▬▬▬▬ ▬ ▬▬▬▬▬ ▬▬▬▬▬▬ ▬▬ ▬▬▬ ▬▬▬▬ ▬ ▬▬▬▬▬ ▬▬▬▬▬▬ ▬▬ ▬▬▬ ▬▬▬▬ ▬ ▬▬▬▬▬ ▬▬▬▬▬▬ ▬▬ ▬▬▬ ▬▬▬▬ ▬ ▬▬▬▬▬ ▬▬▬▬▬▬ ▬▬ ▬▬▬ ▬▬▬▬

THE CELEBRITY OF SANDER AND SONS PURE VOLATILE EUCALYPTI EXTRACT.

▬ ▬▬▬▬▬ ▬▬▬▬▬▬ ▬▬ ▬▬▬ ▬▬▬▬ ▬ ▬▬▬▬▬ ▬▬▬▬▬▬ ▬▬ ▬▬▬ ▬▬▬▬ ▬ ▬▬▬▬▬ ▬▬▬▬▬▬ ▬▬ ▬▬▬ ▬▬▬▬ ▬ ▬▬▬▬▬ ▬▬▬▬▬▬ ▬▬ ▬▬▬ ▬▬▬▬ ▬ ▬▬▬▬▬ ▬▬▬▬▬▬ ▬▬ ▬▬▬ ▬▬▬▬ ▬ ▬▬▬▬▬ ▬▬▬▬▬▬ ▬▬ ▬▬▬ ▬▬▬▬ ▬ ▬▬▬▬▬ ▬▬▬▬▬▬ ▬▬ ▬▬▬ ▬▬▬▬ ▬ ▬▬▬▬▬ ▬▬▬▬▬▬ ▬▬ ▬▬▬ ▬▬▬▬ ▬ ▬▬▬▬▬ ▬▬▬▬▬▬ ▬▬ ▬▬▬ ▬▬▬▬ ▬ ▬▬▬▬▬ ▬▬▬▬▬▬ ▬▬ ▬▬▬ ▬▬▬▬ ▬ ▬▬▬▬▬ ▬▬▬▬▬▬ ▬▬ ▬▬▬ ▬▬▬▬ ▬ ▬▬▬▬▬ ▬▬▬▬▬▬ ▬▬ ▬▬▬ ▬▬▬▬ ▬ ▬▬▬▬▬ ▬▬▬▬▬▬ ▬▬ ▬▬▬ ▬▬▬▬ ▬ ▬▬▬▬▬ ▬▬▬▬▬▬ ▬▬ ▬▬▬ ▬▬▬▬ ▬ ▬▬▬▬▬ ▬▬▬▬▬▬ ▬▬ ▬▬▬ ▬▬▬▬

LATEST
TELEGRAMS
THE ENGLISH CRICKETERS
MATCH AGAINST AUCKLAND.
HOME TEAM OUT FOR 100.
AUCKLAND LEADING ON FIRST INNINGS.

▬ ▬▬▬▬▬ ▬▬▬▬▬▬ ▬▬ ▬▬▬ ▬▬▬▬ ▬ ▬▬▬▬▬ ▬▬▬▬▬▬ ▬▬ ▬▬▬ ▬▬▬▬ ▬ ▬▬▬▬▬ ▬▬▬▬▬▬ ▬▬ ▬▬▬ ▬▬▬▬ ▬ ▬▬▬▬▬ ▬▬▬▬▬▬ ▬▬ ▬▬▬ ▬▬▬▬ ▬ ▬▬▬▬▬ ▬▬▬▬▬▬ ▬▬ ▬▬▬ ▬▬▬▬ ▬ ▬▬▬▬▬ ▬▬▬▬▬▬ ▬▬ ▬▬▬ ▬▬▬▬ ▬ ▬▬▬▬▬ ▬▬▬▬▬▬ ▬▬ ▬▬▬ ▬▬▬▬ ▬ ▬▬▬▬▬ ▬▬▬▬▬▬ ▬▬ ▬▬▬ ▬▬▬▬ ▬ ▬▬▬▬▬ ▬▬▬▬▬▬ ▬▬ ▬▬▬ ▬▬▬▬ ▬ ▬▬▬▬▬ ▬▬▬▬▬▬ ▬▬ ▬▬▬ ▬▬▬▬ ▬ ▬▬▬▬▬ ▬▬▬▬▬▬ ▬▬ ▬▬▬ ▬▬▬▬ ▬ ▬▬▬▬▬ ▬▬▬▬▬▬ ▬▬ ▬▬▬ ▬▬▬▬ ▬ ▬▬▬▬▬ ▬▬▬▬▬▬ ▬▬ ▬▬▬ ▬▬▬▬ ▬ ▬▬▬▬▬ ▬▬▬▬▬▬ ▬▬ ▬▬▬ ▬▬▬▬ ▬ ▬▬▬▬▬ ▬▬▬▬▬▬ ▬▬ ▬▬▬ ▬▬▬▬

POSTAL DEPARTMENT CHANGES.

▬ ▬▬▬▬▬ ▬▬▬▬▬▬ ▬▬ ▬▬▬ ▬▬▬▬ ▬ ▬▬▬▬▬ ▬▬▬▬▬▬ ▬▬ ▬▬▬ ▬▬▬▬ ▬ ▬▬▬▬▬ ▬▬▬▬▬▬ ▬▬ ▬▬▬ ▬▬▬▬ ▬ ▬▬▬▬▬ ▬▬▬▬▬▬ ▬▬ ▬▬▬ ▬▬▬▬ ▬ ▬▬▬▬▬ ▬▬▬▬▬▬ ▬▬ ▬▬▬ ▬▬▬▬ ▬ ▬▬▬▬▬ ▬▬▬▬▬▬ ▬▬ ▬▬▬ ▬▬▬▬ ▬ ▬▬▬▬▬ ▬▬▬▬▬▬ ▬▬ ▬▬▬ ▬▬▬▬ ▬ ▬▬▬▬▬ ▬▬▬▬▬▬ ▬▬ ▬▬▬ ▬▬▬▬ ▬ ▬▬▬▬▬ ▬▬▬▬▬▬ ▬▬ ▬▬▬ ▬▬▬▬ ▬ ▬▬▬▬▬ ▬▬▬▬▬▬ ▬▬ ▬▬▬ ▬▬▬▬ ▬ ▬▬▬▬▬ ▬▬▬▬▬▬ ▬▬ ▬▬▬ ▬▬▬▬ ▬ ▬▬▬▬▬ ▬▬▬▬▬▬ ▬▬ ▬▬▬ ▬▬▬▬ ▬ ▬▬▬▬▬ ▬▬▬▬▬▬ ▬▬ ▬▬▬ ▬▬▬▬ ▬ ▬▬▬▬▬ ▬▬▬▬▬▬ ▬▬ ▬▬▬ ▬▬▬▬ ▬ ▬▬▬▬▬ ▬▬▬▬▬▬ ▬▬ ▬▬▬ ▬▬▬▬

INTERESTING ITEMS.

▬ ▬▬▬▬▬ ▬▬▬▬▬▬ ▬▬ ▬▬▬ ▬▬▬▬ ▬ ▬▬▬▬▬ ▬▬▬▬▬▬ ▬▬ ▬▬▬ ▬▬▬▬ ▬ ▬▬▬▬▬ ▬▬▬▬▬▬ ▬▬ ▬▬▬ ▬▬▬▬ ▬ ▬▬▬▬▬ ▬▬▬▬▬▬ ▬▬ ▬▬▬ ▬▬▬▬ ▬ ▬▬▬▬▬ ▬▬▬▬▬▬ ▬▬ ▬▬▬ ▬▬▬▬ ▬ ▬▬▬▬▬ ▬▬▬▬▬▬ ▬▬ ▬▬▬ ▬▬▬▬ ▬ ▬▬▬▬▬ ▬▬▬▬▬▬ ▬▬ ▬▬▬ ▬▬▬▬ ▬ ▬▬▬▬▬ ▬▬▬▬▬▬ ▬▬ ▬▬▬ ▬▬▬▬ ▬ ▬▬▬▬▬ ▬▬▬▬▬▬ ▬▬ ▬▬▬ ▬▬▬▬ ▬ ▬▬▬▬▬ ▬▬▬▬▬▬ ▬▬ ▬▬▬ ▬▬▬▬ ▬ ▬▬▬▬▬ ▬▬▬▬▬▬ ▬▬ ▬▬▬ ▬▬▬▬ ▬ ▬▬▬▬▬ ▬▬▬▬▬▬ ▬▬ ▬▬▬ ▬▬▬▬ ▬ ▬▬▬▬▬ ▬▬▬▬▬▬ ▬▬ ▬▬▬ ▬▬▬▬ ▬ ▬▬▬▬▬ ▬▬▬▬▬▬ ▬▬ ▬▬▬ ▬▬▬▬ ▬ ▬▬▬▬▬ ▬▬▬▬▬▬ ▬▬ ▬▬▬ ▬▬▬▬

GENERAL TELEGRAMS.

▬ ▬▬▬▬▬ ▬▬▬▬▬▬ ▬▬ ▬▬▬ ▬▬▬▬ ▬ ▬▬▬▬▬ ▬▬▬▬▬▬ ▬▬ ▬▬▬ ▬▬▬▬ ▬ ▬▬▬▬▬ ▬▬▬▬▬▬ ▬▬ ▬▬▬ ▬▬▬▬ ▬ ▬▬▬▬▬ ▬▬▬▬▬▬ ▬▬ ▬▬▬ ▬▬▬▬ ▬ ▬▬▬▬▬ ▬▬▬▬▬▬ ▬▬ ▬▬▬ ▬▬▬▬ ▬ ▬▬▬▬▬ ▬▬▬▬▬▬ ▬▬ ▬▬▬ ▬▬▬▬ ▬ ▬▬▬▬▬ ▬▬▬▬▬▬ ▬▬ ▬▬▬ ▬▬▬▬ ▬ ▬▬▬▬▬ ▬▬▬▬▬▬ ▬▬ ▬▬▬ ▬▬▬▬ ▬ ▬▬▬▬▬ ▬▬▬▬▬▬ ▬▬ ▬▬▬ ▬▬▬▬ ▬ ▬▬▬▬▬ ▬▬▬▬▬▬ ▬▬ ▬▬▬ ▬▬▬▬ ▬ ▬▬▬▬▬ ▬▬▬▬▬▬ ▬▬ ▬▬▬ ▬▬▬▬ ▬ ▬▬▬▬▬ ▬▬▬▬▬▬ ▬▬ ▬▬▬ ▬▬▬▬ ▬ ▬▬▬▬▬ ▬▬▬▬▬▬ ▬▬ ▬▬▬ ▬▬▬▬ ▬ ▬▬▬▬▬ ▬▬▬▬▬▬ ▬▬ ▬▬▬ ▬▬▬▬ ▬ ▬▬▬▬▬ ▬▬▬▬▬▬ ▬▬ ▬▬▬ ▬▬▬▬

LATEST
TELEGRAMS.
BAY OF ISLANDS TRAGEDY
A MAORI WOMAN SHOT DEAD.
HER SON SERIOUSLY WOUNDED.

▬ ▬▬▬▬▬ ▬▬▬▬▬▬ ▬▬ ▬▬▬ ▬▬▬▬ ▬ ▬▬▬▬▬ ▬▬▬▬▬▬ ▬▬ ▬▬▬ ▬▬▬▬ ▬ ▬▬▬▬▬ ▬▬▬▬▬▬ ▬▬ ▬▬▬ ▬▬▬▬ ▬ ▬▬▬▬▬ ▬▬▬▬▬▬ ▬▬ ▬▬▬ ▬▬▬▬ ▬ ▬▬▬▬▬ ▬▬▬▬▬▬ ▬▬ ▬▬▬ ▬▬▬▬ ▬ ▬▬▬▬▬ ▬▬▬▬▬▬ ▬▬ ▬▬▬ ▬▬▬▬ ▬ ▬▬▬▬▬ ▬▬▬▬▬▬ ▬▬ ▬▬▬ ▬▬▬▬ ▬ ▬▬▬▬▬ ▬▬▬▬▬▬ ▬▬ ▬▬▬ ▬▬▬▬ ▬ ▬▬▬▬▬ ▬▬▬▬▬▬ ▬▬ ▬▬▬ ▬▬▬▬ ▬ ▬▬▬▬▬ ▬▬▬▬▬▬ ▬▬ ▬▬▬ ▬▬▬▬ ▬ ▬▬▬▬▬ ▬▬▬▬▬▬ ▬▬ ▬▬▬ ▬▬▬▬ ▬ ▬▬▬▬▬ ▬▬▬▬▬▬ ▬▬ ▬▬▬ ▬▬▬▬ ▬ ▬▬▬▬▬ ▬▬▬▬▬▬ ▬▬ ▬▬▬ ▬▬▬▬ ▬ ▬▬▬▬▬ ▬▬▬▬▬▬ ▬▬ ▬▬▬ ▬▬▬▬ ▬ ▬▬▬▬▬ ▬▬▬▬▬▬ ▬▬ ▬▬▬ ▬▬▬▬

VICTIM OF JEALOUSY.
MURDERER STILL AT LARGE.
EVIDENTLY INTENDS SUICIDE.

▬ ▬▬▬▬▬ ▬▬▬▬▬▬ ▬▬ ▬▬▬ ▬▬▬▬ ▬ ▬▬▬▬▬ ▬▬▬▬▬▬ ▬▬ ▬▬▬ ▬▬▬▬ ▬ ▬▬▬▬▬ ▬▬▬▬▬▬ ▬▬ ▬▬▬ ▬▬▬▬ ▬ ▬▬▬▬▬ ▬▬▬▬▬▬ ▬▬ ▬▬▬ ▬▬▬▬ ▬ ▬▬▬▬▬ ▬▬▬▬▬▬ ▬▬ ▬▬▬ ▬▬▬▬ ▬ ▬▬▬▬▬ ▬▬▬▬▬▬ ▬▬ ▬▬▬ ▬▬▬▬ ▬ ▬▬▬▬▬ ▬▬▬▬▬▬ ▬▬ ▬▬▬ ▬▬▬▬ ▬ ▬▬▬▬▬ ▬▬▬▬▬▬ ▬▬ ▬▬▬ ▬▬▬▬ ▬ ▬▬▬▬▬ ▬▬▬▬▬▬ ▬▬ ▬▬▬ ▬▬▬▬ ▬ ▬▬▬▬▬ ▬▬▬▬▬▬ ▬▬ ▬▬▬ ▬▬▬▬ ▬ ▬▬▬▬▬ ▬▬▬▬▬▬ ▬▬ ▬▬▬ ▬▬▬▬ ▬ ▬▬▬▬▬ ▬▬▬▬▬▬ ▬▬ ▬▬▬ ▬▬▬▬ ▬ ▬▬▬▬▬ ▬▬▬▬▬▬ ▬▬ ▬▬▬ ▬▬▬▬ ▬ ▬▬▬▬▬ ▬▬▬▬▬▬ ▬▬ ▬▬▬ ▬▬▬▬ ▬ ▬▬▬▬▬ ▬▬▬▬▬▬ ▬▬ ▬▬▬ ▬▬▬▬

A VACCINATION ORDER
AN INTERESTING DECISION.

▬ ▬▬▬▬▬ ▬▬▬▬▬▬ ▬▬ ▬▬▬ ▬▬▬▬ ▬ ▬▬▬▬▬ ▬▬▬▬▬▬ ▬▬ ▬▬▬ ▬▬▬▬ ▬ ▬▬▬▬▬ ▬▬▬▬▬▬ ▬▬ ▬▬▬ ▬▬▬▬ ▬ ▬▬▬▬▬ ▬▬▬▬▬▬ ▬▬ ▬▬▬ ▬▬▬▬ ▬ ▬▬▬▬▬ ▬▬▬▬▬▬ ▬▬ ▬▬▬ ▬▬▬▬ ▬ ▬▬▬▬▬ ▬▬▬▬▬▬ ▬▬ ▬▬▬ ▬▬▬▬ ▬ ▬▬▬▬▬ ▬▬▬▬▬▬ ▬▬ ▬▬▬ ▬▬▬▬ ▬ ▬▬▬▬▬ ▬▬▬▬▬▬ ▬▬ ▬▬▬ ▬▬▬▬ ▬ ▬▬▬▬▬ ▬▬▬▬▬▬ ▬▬ ▬▬▬ ▬▬▬▬ ▬ ▬▬▬▬▬ ▬▬▬▬▬▬ ▬▬ ▬▬▬ ▬▬▬▬ ▬ ▬▬▬▬▬ ▬▬▬▬▬▬ ▬▬ ▬▬▬ ▬▬▬▬ ▬ ▬▬▬▬▬ ▬▬▬▬▬▬ ▬▬ ▬▬▬ ▬▬▬▬ ▬ ▬▬▬▬▬ ▬▬▬▬▬▬ ▬▬ ▬▬▬ ▬▬▬▬ ▬ ▬▬▬▬▬ ▬▬▬▬▬▬ ▬▬ ▬▬▬ ▬▬▬▬ ▬ ▬▬▬▬▬ ▬▬▬▬▬▬ ▬▬ ▬▬▬ ▬▬▬▬

A DASTARDLY OUTRAGE.
"SANDBAGGING" IN CHRIST-CHURCH.
TARANAKI MAN ASSAULTED.

▬ ▬▬▬▬▬ ▬▬▬▬▬▬ ▬▬ ▬▬▬ ▬▬▬▬ ▬ ▬▬▬▬▬ ▬▬▬▬▬▬ ▬▬ ▬▬▬ ▬▬▬▬ ▬ ▬▬▬▬▬ ▬▬▬▬▬▬ ▬▬ ▬▬▬ ▬▬▬▬ ▬ ▬▬▬▬▬ ▬▬▬▬▬▬ ▬▬ ▬▬▬ ▬▬▬▬ ▬ ▬▬▬▬▬ ▬▬▬▬▬▬ ▬▬ ▬▬▬ ▬▬▬▬ ▬ ▬▬▬▬▬ ▬▬▬▬▬▬ ▬▬ ▬▬▬ ▬▬▬▬ ▬ ▬▬▬▬▬ ▬▬▬▬▬▬ ▬▬ ▬▬▬ ▬▬▬▬ ▬ ▬▬▬▬▬ ▬▬▬▬▬▬ ▬▬ ▬▬▬ ▬▬▬▬ ▬ ▬▬▬▬▬ ▬▬▬▬▬▬ ▬▬ ▬▬▬ ▬▬▬▬ ▬ ▬▬▬▬▬ ▬▬▬▬▬▬ ▬▬ ▬▬▬ ▬▬▬▬ ▬ ▬▬▬▬▬ ▬▬▬▬▬▬ ▬▬ ▬▬▬ ▬▬▬▬ ▬ ▬▬▬▬▬ ▬▬▬▬▬▬ ▬▬ ▬▬▬ ▬▬▬▬ ▬ ▬▬▬▬▬ ▬▬▬▬▬▬ ▬▬ ▬▬▬ ▬▬▬▬ ▬ ▬▬▬▬▬ ▬▬▬▬▬▬ ▬▬ ▬▬▬ ▬▬▬▬ ▬ ▬▬▬▬▬ ▬▬▬▬▬▬ ▬▬ ▬▬▬ ▬▬▬▬

CASUALTIES.

▬ ▬▬▬▬▬ ▬▬▬▬▬▬ ▬▬ ▬▬▬ ▬▬▬▬ ▬ ▬▬▬▬▬ ▬▬▬▬▬▬ ▬▬ ▬▬▬ ▬▬▬▬ ▬ ▬▬▬▬▬ ▬▬▬▬▬▬ ▬▬ ▬▬▬ ▬▬▬▬ ▬ ▬▬▬▬▬ ▬▬▬▬▬▬ ▬▬ ▬▬▬ ▬▬▬▬ ▬ ▬▬▬▬▬ ▬▬▬▬▬▬ ▬▬ ▬▬▬ ▬▬▬▬ ▬ ▬▬▬▬▬ ▬▬▬▬▬▬ ▬▬ ▬▬▬ ▬▬▬▬ ▬ ▬▬▬▬▬ ▬▬▬▬▬▬ ▬▬ ▬▬▬ ▬▬▬▬ ▬ ▬▬▬▬▬ ▬▬▬▬▬▬ ▬▬ ▬▬▬ ▬▬▬▬ ▬ ▬▬▬▬▬ ▬▬▬▬▬▬ ▬▬ ▬▬▬ ▬▬▬▬ ▬ ▬▬▬▬▬ ▬▬▬▬▬▬ ▬▬ ▬▬▬ ▬▬▬▬ ▬ ▬▬▬▬▬ ▬▬▬▬▬▬ ▬▬ ▬▬▬ ▬▬▬▬ ▬ ▬▬▬▬▬ ▬▬▬▬▬▬ ▬▬ ▬▬▬ ▬▬▬▬ ▬ ▬▬▬▬▬ ▬▬▬▬▬▬ ▬▬ ▬▬▬ ▬▬▬▬ ▬ ▬▬▬▬▬ ▬▬▬▬▬▬ ▬▬ ▬▬▬ ▬▬▬▬ ▬ ▬▬▬▬▬ ▬▬▬▬▬▬ ▬▬ ▬▬▬ ▬▬▬▬

"MELOTTE" THE BEST AND CHEAPEST

▬ ▬▬▬▬▬ ▬▬▬▬▬▬ ▬▬ ▬▬▬ ▬▬▬▬ ▬ ▬▬▬▬▬ ▬▬▬▬▬▬ ▬▬ ▬▬▬ ▬▬▬▬ ▬ ▬▬▬▬▬ ▬▬▬▬▬▬ ▬▬ ▬▬▬ ▬▬▬▬ ▬ ▬▬▬▬▬ ▬▬▬▬▬▬ ▬▬ ▬▬▬ ▬▬▬▬ ▬ ▬▬▬▬▬ ▬▬▬▬▬▬ ▬▬ ▬▬▬ ▬▬▬▬ ▬ ▬▬▬▬▬ ▬▬▬▬▬▬ ▬▬ ▬▬▬ ▬▬▬▬ ▬ ▬▬▬▬▬ ▬▬▬▬▬▬ ▬▬ ▬▬▬ ▬▬▬▬ ▬ ▬▬▬▬▬ ▬▬▬▬▬▬ ▬▬ ▬▬▬ ▬▬▬▬ ▬ ▬▬▬▬▬ ▬▬▬▬▬▬ ▬▬ ▬▬▬ ▬▬▬▬ ▬ ▬▬▬▬▬ ▬▬▬▬▬▬ ▬▬ ▬▬▬ ▬▬▬▬ ▬ ▬▬▬▬▬ ▬▬▬▬▬▬ ▬▬ ▬▬▬ ▬▬▬▬ ▬ ▬▬▬▬▬ ▬▬▬▬▬▬ ▬▬ ▬▬▬ ▬▬▬▬ ▬ ▬▬▬▬▬ ▬▬▬▬▬▬ ▬▬ ▬▬▬ ▬▬▬▬ ▬ ▬▬▬▬▬ ▬▬▬▬▬▬ ▬▬ ▬▬▬ ▬▬▬▬ ▬ ▬▬▬▬▬ ▬▬▬▬▬▬ ▬▬ ▬▬▬ ▬▬▬▬

LATEST
CABLE NEWS
UNITED PRESS ASSOCIATION—BY ELECTRIC TELEGRAPH—COPYRIGHT
CHURCH CONFLICT IN FRANCE
MASSES SPARSELY ATTENDED

▬ ▬▬▬▬▬ ▬▬▬▬▬▬ ▬▬ ▬▬▬ ▬▬▬▬ ▬ ▬▬▬▬▬ ▬▬▬▬▬▬ ▬▬ ▬▬▬ ▬▬▬▬ ▬ ▬▬▬▬▬ ▬▬▬▬▬▬ ▬▬ ▬▬▬ ▬▬▬▬ ▬ ▬▬▬▬▬ ▬▬▬▬▬▬ ▬▬ ▬▬▬ ▬▬▬▬ ▬ ▬▬▬▬▬ ▬▬▬▬▬▬ ▬▬ ▬▬▬ ▬▬▬▬ ▬ ▬▬▬▬▬ ▬▬▬▬▬▬ ▬▬ ▬▬▬ ▬▬▬▬ ▬ ▬▬▬▬▬ ▬▬▬▬▬▬ ▬▬ ▬▬▬ ▬▬▬▬ ▬ ▬▬▬▬▬ ▬▬▬▬▬▬ ▬▬ ▬▬▬ ▬▬▬▬ ▬ ▬▬▬▬▬ ▬▬▬▬▬▬ ▬▬ ▬▬▬ ▬▬▬▬ ▬ ▬▬▬▬▬ ▬▬▬▬▬▬ ▬▬ ▬▬▬ ▬▬▬▬ ▬ ▬▬▬▬▬ ▬▬▬▬▬▬ ▬▬ ▬▬▬ ▬▬▬▬ ▬ ▬▬▬▬▬ ▬▬▬▬▬▬ ▬▬ ▬▬▬ ▬▬▬▬ ▬ ▬▬▬▬▬ ▬▬▬▬▬▬ ▬▬ ▬▬▬ ▬▬▬▬ ▬ ▬▬▬▬▬ ▬▬▬▬▬▬ ▬▬ ▬▬▬ ▬▬▬▬ ▬ ▬▬▬▬▬ ▬▬▬▬▬▬ ▬▬ ▬▬▬ ▬▬▬▬

WAY OUT OF THE DIFFICULTY
NOTIFICATIONS BY LAYMEN NOT FORBIDDEN.
CHURCH'S LOOPHOLE IN POPE'S ORDINANCE.

▬ ▬▬▬▬▬ ▬▬▬▬▬▬ ▬▬ ▬▬▬ ▬▬▬▬ ▬ ▬▬▬▬▬ ▬▬▬▬▬▬ ▬▬ ▬▬▬ ▬▬▬▬ ▬ ▬▬▬▬▬ ▬▬▬▬▬▬ ▬▬ ▬▬▬ ▬▬▬▬ ▬ ▬▬▬▬▬ ▬▬▬▬▬▬ ▬▬ ▬▬▬ ▬▬▬▬ ▬ ▬▬▬▬▬ ▬▬▬▬▬▬ ▬▬ ▬▬▬ ▬▬▬▬ ▬ ▬▬▬▬▬ ▬▬▬▬▬▬ ▬▬ ▬▬▬ ▬▬▬▬ ▬ ▬▬▬▬▬ ▬▬▬▬▬▬ ▬▬ ▬▬▬ ▬▬▬▬ ▬ ▬▬▬▬▬ ▬▬▬▬▬▬ ▬▬ ▬▬▬ ▬▬▬▬ ▬ ▬▬▬▬▬ ▬▬▬▬▬▬ ▬▬ ▬▬▬ ▬▬▬▬ ▬ ▬▬▬▬▬ ▬▬▬▬▬▬ ▬▬ ▬▬▬ ▬▬▬▬ ▬ ▬▬▬▬▬ ▬▬▬▬▬▬ ▬▬ ▬▬▬ ▬▬▬▬ ▬ ▬▬▬▬▬ ▬▬▬▬▬▬ ▬▬ ▬▬▬ ▬▬▬▬ ▬ ▬▬▬▬▬ ▬▬▬▬▬▬ ▬▬ ▬▬▬ ▬▬▬▬ ▬ ▬▬▬▬▬ ▬▬▬▬▬▬ ▬▬ ▬▬▬ ▬▬▬▬ ▬ ▬▬▬▬▬ ▬▬▬▬▬▬ ▬▬ ▬▬▬ ▬▬▬▬

TRANSVAAL CONSTITUTION.
SERVILE LABOR PROVISIONS.

▬ ▬▬▬▬▬ ▬▬▬▬▬▬ ▬▬ ▬▬▬ ▬▬▬▬ ▬ ▬▬▬▬▬ ▬▬▬▬▬▬ ▬▬ ▬▬▬ ▬▬▬▬ ▬ ▬▬▬▬▬ ▬▬▬▬▬▬ ▬▬ ▬▬▬ ▬▬▬▬ ▬ ▬▬▬▬▬ ▬▬▬▬▬▬ ▬▬ ▬▬▬ ▬▬▬▬ ▬ ▬▬▬▬▬ ▬▬▬▬▬▬ ▬▬ ▬▬▬ ▬▬▬▬ ▬ ▬▬▬▬▬ ▬▬▬▬▬▬ ▬▬ ▬▬▬ ▬▬▬▬ ▬ ▬▬▬▬▬ ▬▬▬▬▬▬ ▬▬ ▬▬▬ ▬▬▬▬ ▬ ▬▬▬▬▬ ▬▬▬▬▬▬ ▬▬ ▬▬▬ ▬▬▬▬ ▬ ▬▬▬▬▬ ▬▬▬▬▬▬ ▬▬ ▬▬▬ ▬▬▬▬ ▬ ▬▬▬▬▬ ▬▬▬▬▬▬ ▬▬ ▬▬▬ ▬▬▬▬ ▬ ▬▬▬▬▬ ▬▬▬▬▬▬ ▬▬ ▬▬▬ ▬▬▬▬ ▬ ▬▬▬▬▬ ▬▬▬▬▬▬ ▬▬ ▬▬▬ ▬▬▬▬ ▬ ▬▬▬▬▬ ▬▬▬▬▬▬ ▬▬ ▬▬▬ ▬▬▬▬ ▬ ▬▬▬▬▬ ▬▬▬▬▬▬ ▬▬ ▬▬▬ ▬▬▬▬ ▬ ▬▬▬▬▬ ▬▬▬▬▬▬ ▬▬ ▬▬▬ ▬▬▬▬

PAYMENT OF LEGISLATORS.

▬ ▬▬▬▬▬ ▬▬▬▬▬▬ ▬▬ ▬▬▬ ▬▬▬▬ ▬ ▬▬▬▬▬ ▬▬▬▬▬▬ ▬▬ ▬▬▬ ▬▬▬▬ ▬ ▬▬▬▬▬ ▬▬▬▬▬▬ ▬▬ ▬▬▬ ▬▬▬▬ ▬ ▬▬▬▬▬ ▬▬▬▬▬▬ ▬▬ ▬▬▬ ▬▬▬▬ ▬ ▬▬▬▬▬ ▬▬▬▬▬▬ ▬▬ ▬▬▬ ▬▬▬▬ ▬ ▬▬▬▬▬ ▬▬▬▬▬▬ ▬▬ ▬▬▬ ▬▬▬▬ ▬ ▬▬▬▬▬ ▬▬▬▬▬▬ ▬▬ ▬▬▬ ▬▬▬▬ ▬ ▬▬▬▬▬ ▬▬▬▬▬▬ ▬▬ ▬▬▬ ▬▬▬▬ ▬ ▬▬▬▬▬ ▬▬▬▬▬▬ ▬▬ ▬▬▬ ▬▬▬▬ ▬ ▬▬▬▬▬ ▬▬▬▬▬▬ ▬▬ ▬▬▬ ▬▬▬▬ ▬ ▬▬▬▬▬ ▬▬▬▬▬▬ ▬▬ ▬▬▬ ▬▬▬▬ ▬ ▬▬▬▬▬ ▬▬▬▬▬▬ ▬▬ ▬▬▬ ▬▬▬▬ ▬ ▬▬▬▬▬ ▬▬▬▬▬▬ ▬▬ ▬▬▬ ▬▬▬▬ ▬ ▬▬▬▬▬ ▬▬▬▬▬▬ ▬▬ ▬▬▬ ▬▬▬▬ ▬ ▬▬▬▬▬ ▬▬▬▬▬▬ ▬▬ ▬▬▬ ▬▬▬▬

OPINION OF THE BOER ORGAN.
DISSATISFIED WITH NOMINATED COUNCIL.
COUNCIL'S PREDOMINATING POWER.
BRITISH INTERESTS TOO WELL SAFEGUARDED.

▬ ▬▬▬▬▬ ▬▬▬▬▬▬ ▬▬ ▬▬▬ ▬▬▬▬ ▬ ▬▬▬▬▬ ▬▬▬▬▬▬ ▬▬ ▬▬▬ ▬▬▬▬ ▬ ▬▬▬▬▬ ▬▬▬▬▬▬ ▬▬ ▬▬▬ ▬▬▬▬ ▬ ▬▬▬▬▬ ▬▬▬▬▬▬ ▬▬ ▬▬▬ ▬▬▬▬ ▬ ▬▬▬▬▬ ▬▬▬▬▬▬ ▬▬ ▬▬▬ ▬▬▬▬ ▬ ▬▬▬▬▬ ▬▬▬▬▬▬ ▬▬ ▬▬▬ ▬▬▬▬ ▬ ▬▬▬▬▬ ▬▬▬▬▬▬ ▬▬ ▬▬▬ ▬▬▬▬ ▬ ▬▬▬▬▬ ▬▬▬▬▬▬ ▬▬ ▬▬▬ ▬▬▬▬ ▬ ▬▬▬▬▬ ▬▬▬▬▬▬ ▬▬ ▬▬▬ ▬▬▬▬ ▬ ▬▬▬▬▬ ▬▬▬▬▬▬ ▬▬ ▬▬▬ ▬▬▬▬ ▬ ▬▬▬▬▬ ▬▬▬▬▬▬ ▬▬ ▬▬▬ ▬▬▬▬ ▬ ▬▬▬▬▬ ▬▬▬▬▬▬ ▬▬ ▬▬▬ ▬▬▬▬ ▬ ▬▬▬▬▬ ▬▬▬▬▬▬ ▬▬ ▬▬▬ ▬▬▬▬ ▬ ▬▬▬▬▬ ▬▬▬▬▬▬ ▬▬ ▬▬▬ ▬▬▬▬ ▬ ▬▬▬▬▬ ▬▬▬▬▬▬ ▬▬ ▬▬▬ ▬▬▬▬

BATTLESHIPS OF THE FUTURE.
PROPOSED AMERICAN LEVIA-THAN.
GREATER THAN THE DREAD-NOUGHTS.

▬ ▬▬▬▬▬ ▬▬▬▬▬▬ ▬▬ ▬▬▬ ▬▬▬▬ ▬ ▬▬▬▬▬ ▬▬▬▬▬▬ ▬▬ ▬▬▬ ▬▬▬▬ ▬ ▬▬▬▬▬ ▬▬▬▬▬▬ ▬▬ ▬▬▬ ▬▬▬▬ ▬ ▬▬▬▬▬ ▬▬▬▬▬▬ ▬▬ ▬▬▬ ▬▬▬▬ ▬ ▬▬▬▬▬ ▬▬▬▬▬▬ ▬▬ ▬▬▬ ▬▬▬▬ ▬ ▬▬▬▬▬ ▬▬▬▬▬▬ ▬▬ ▬▬▬ ▬▬▬▬ ▬ ▬▬▬▬▬ ▬▬▬▬▬▬ ▬▬ ▬▬▬ ▬▬▬▬ ▬ ▬▬▬▬▬ ▬▬▬▬▬▬ ▬▬ ▬▬▬ ▬▬▬▬ ▬ ▬▬▬▬▬ ▬▬▬▬▬▬ ▬▬ ▬▬▬ ▬▬▬▬ ▬ ▬▬▬▬▬ ▬▬▬▬▬▬ ▬▬ ▬▬▬ ▬▬▬▬ ▬ ▬▬▬▬▬ ▬▬▬▬▬▬ ▬▬ ▬▬▬ ▬▬▬▬ ▬ ▬▬▬▬▬ ▬▬▬▬▬▬ ▬▬ ▬▬▬ ▬▬▬▬ ▬ ▬▬▬▬▬ ▬▬▬▬▬▬ ▬▬ ▬▬▬ ▬▬▬▬ ▬ ▬▬▬▬▬ ▬▬▬▬▬▬ ▬▬ ▬▬▬ ▬▬▬▬ ▬ ▬▬▬▬▬ ▬▬▬▬▬▬ ▬▬ ▬▬▬ ▬▬▬▬

SUFFRAGETTES GO TO GAOL.
REFUSE TO PAY FINES.

▬ ▬▬▬▬▬ ▬▬▬▬▬▬ ▬▬ ▬▬▬ ▬▬▬▬ ▬ ▬▬▬▬▬ ▬▬▬▬▬▬ ▬▬ ▬▬▬ ▬▬▬▬ ▬ ▬▬▬▬▬ ▬▬▬▬▬▬ ▬▬ ▬▬▬ ▬▬▬▬ ▬ ▬▬▬▬▬ ▬▬▬▬▬▬ ▬▬ ▬▬▬ ▬▬▬▬ ▬ ▬▬▬▬▬ ▬▬▬▬▬▬ ▬▬ ▬▬▬ ▬▬▬▬ ▬ ▬▬▬▬▬ ▬▬▬▬▬▬ ▬▬ ▬▬▬ ▬▬▬▬ ▬ ▬▬▬▬▬ ▬▬▬▬▬▬ ▬▬ ▬▬▬ ▬▬▬▬ ▬ ▬▬▬▬▬ ▬▬▬▬▬▬ ▬▬ ▬▬▬ ▬▬▬▬ ▬ ▬▬▬▬▬ ▬▬▬▬▬▬ ▬▬ ▬▬▬ ▬▬▬▬ ▬ ▬▬▬▬▬ ▬▬▬▬▬▬ ▬▬ ▬▬▬ ▬▬▬▬ ▬ ▬▬▬▬▬ ▬▬▬▬▬▬ ▬▬ ▬▬▬ ▬▬▬▬ ▬ ▬▬▬▬▬ ▬▬▬▬▬▬ ▬▬ ▬▬▬ ▬▬▬▬ ▬ ▬▬▬▬▬ ▬▬▬▬▬▬ ▬▬ ▬▬▬ ▬▬▬▬ ▬ ▬▬▬▬▬ ▬▬▬▬▬▬ ▬▬ ▬▬▬ ▬▬▬▬ ▬ ▬▬▬▬▬ ▬▬▬▬▬▬ ▬▬ ▬▬▬ ▬▬▬▬

WISDOM OF CENTRALISING.
SAVING TO LONDON HOSPITALS.

▬ ▬▬▬▬▬ ▬▬▬▬▬▬ ▬▬ ▬▬▬ ▬▬▬▬ ▬ ▬▬▬▬▬ ▬▬▬▬▬▬ ▬▬ ▬▬▬ ▬▬▬▬ ▬ ▬▬▬▬▬ ▬▬▬▬▬▬ ▬▬ ▬▬▬ ▬▬▬▬ ▬ ▬▬▬▬▬ ▬▬▬▬▬▬ ▬▬ ▬▬▬ ▬▬▬▬ ▬ ▬▬▬▬▬ ▬▬▬▬▬▬ ▬▬ ▬▬▬ ▬▬▬▬ ▬ ▬▬▬▬▬ ▬▬▬▬▬▬ ▬▬ ▬▬▬ ▬▬▬▬ ▬ ▬▬▬▬▬ ▬▬▬▬▬▬ ▬▬ ▬▬▬ ▬▬▬▬ ▬ ▬▬▬▬▬ ▬▬▬▬▬▬ ▬▬ ▬▬▬ ▬▬▬▬ ▬ ▬▬▬▬▬ ▬▬▬▬▬▬ ▬▬ ▬▬▬ ▬▬▬▬ ▬ ▬▬▬▬▬ ▬▬▬▬▬▬ ▬▬ ▬▬▬ ▬▬▬▬ ▬ ▬▬▬▬▬ ▬▬▬▬▬▬ ▬▬ ▬▬▬ ▬▬▬▬ ▬ ▬▬▬▬▬ ▬▬▬▬▬▬ ▬▬ ▬▬▬ ▬▬▬▬ ▬ ▬▬▬▬▬ ▬▬▬▬▬▬ ▬▬ ▬▬▬ ▬▬▬▬ ▬ ▬▬▬▬▬ ▬▬▬▬▬▬ ▬▬ ▬▬▬ ▬▬▬▬ ▬ ▬▬▬▬▬ ▬▬▬▬▬▬ ▬▬ ▬▬▬ ▬▬▬▬

SPANISH POLITICS.
THE NEW GOVERNMENT POLICY.
ANTI-CLERICAL.

▬ ▬▬▬▬▬ ▬▬▬▬▬▬ ▬▬ ▬▬▬ ▬▬▬▬ ▬ ▬▬▬▬▬ ▬▬▬▬▬▬ ▬▬ ▬▬▬ ▬▬▬▬ ▬ ▬▬▬▬▬ ▬▬▬▬▬▬ ▬▬ ▬▬▬ ▬▬▬▬ ▬ ▬▬▬▬▬ ▬▬▬▬▬▬ ▬▬ ▬▬▬ ▬▬▬▬ ▬ ▬▬▬▬▬ ▬▬▬▬▬▬ ▬▬ ▬▬▬ ▬▬▬▬ ▬ ▬▬▬▬▬ ▬▬▬▬▬▬ ▬▬ ▬▬▬ ▬▬▬▬ ▬ ▬▬▬▬▬ ▬▬▬▬▬▬ ▬▬ ▬▬▬ ▬▬▬▬ ▬ ▬▬▬▬▬ ▬▬▬▬▬▬ ▬▬ ▬▬▬ ▬▬▬▬ ▬ ▬▬▬▬▬ ▬▬▬▬▬▬ ▬▬ ▬▬▬ ▬▬▬▬ ▬ ▬▬▬▬▬ ▬▬▬▬▬▬ ▬▬ ▬▬▬ ▬▬▬▬ ▬ ▬▬▬▬▬ ▬▬▬▬▬▬ ▬▬ ▬▬▬ ▬▬▬▬ ▬ ▬▬▬▬▬ ▬▬▬▬▬▬ ▬▬ ▬▬▬ ▬▬▬▬ ▬ ▬▬▬▬▬ ▬▬▬▬▬▬ ▬▬ ▬▬▬ ▬▬▬▬ ▬ ▬▬▬▬▬ ▬▬▬▬▬▬ ▬▬ ▬▬▬ ▬▬▬▬ ▬ ▬▬▬▬▬ ▬▬▬▬▬▬ ▬▬ ▬▬▬ ▬▬▬▬

CONGO ANNEXATION.
DECISION OF BELGIAN CHAM-BER.

▬ ▬▬▬▬▬ ▬▬▬▬▬▬ ▬▬ ▬▬▬ ▬▬▬▬ ▬ ▬▬▬▬▬ ▬▬▬▬▬▬ ▬▬ ▬▬▬ ▬▬▬▬ ▬ ▬▬▬▬▬ ▬▬▬▬▬▬ ▬▬ ▬▬▬ ▬▬▬▬ ▬ ▬▬▬▬▬ ▬▬▬▬▬▬ ▬▬ ▬▬▬ ▬▬▬▬ ▬ ▬▬▬▬▬ ▬▬▬▬▬▬ ▬▬ ▬▬▬ ▬▬▬▬ ▬ ▬▬▬▬▬ ▬▬▬▬▬▬ ▬▬ ▬▬▬ ▬▬▬▬ ▬ ▬▬▬▬▬ ▬▬▬▬▬▬ ▬▬ ▬▬▬ ▬▬▬▬ ▬ ▬▬▬▬▬ ▬▬▬▬▬▬ ▬▬ ▬▬▬ ▬▬▬▬ ▬ ▬▬▬▬▬ ▬▬▬▬▬▬ ▬▬ ▬▬▬ ▬▬▬▬ ▬ ▬▬▬▬▬ ▬▬▬▬▬▬ ▬▬ ▬▬▬ ▬▬▬▬ ▬ ▬▬▬▬▬ ▬▬▬▬▬▬ ▬▬ ▬▬▬ ▬▬▬▬ ▬ ▬▬▬▬▬ ▬▬▬▬▬▬ ▬▬ ▬▬▬ ▬▬▬▬ ▬ ▬▬▬▬▬ ▬▬▬▬▬▬ ▬▬ ▬▬▬ ▬▬▬▬ ▬ ▬▬▬▬▬ ▬▬▬▬▬▬ ▬▬ ▬▬▬ ▬▬▬▬ ▬ ▬▬▬▬▬ ▬▬▬▬▬▬ ▬▬ ▬▬▬ ▬▬▬▬

RAILWAY MONOPOLY.
ENQUIRIES PROBABLE.

▬ ▬▬▬▬▬ ▬▬▬▬▬▬ ▬▬ ▬▬▬ ▬▬▬▬ ▬ ▬▬▬▬▬ ▬▬▬▬▬▬ ▬▬ ▬▬▬ ▬▬▬▬ ▬ ▬▬▬▬▬ ▬▬▬▬▬▬ ▬▬ ▬▬▬ ▬▬▬▬ ▬ ▬▬▬▬▬ ▬▬▬▬▬▬ ▬▬ ▬▬▬ ▬▬▬▬ ▬ ▬▬▬▬▬ ▬▬▬▬▬▬ ▬▬ ▬▬▬ ▬▬▬▬ ▬ ▬▬▬▬▬ ▬▬▬▬▬▬ ▬▬ ▬▬▬ ▬▬▬▬ ▬ ▬▬▬▬▬ ▬▬▬▬▬▬ ▬▬ ▬▬▬ ▬▬▬▬ ▬ ▬▬▬▬▬ ▬▬▬▬▬▬ ▬▬ ▬▬▬ ▬▬▬▬ ▬ ▬▬▬▬▬ ▬▬▬▬▬▬ ▬▬ ▬▬▬ ▬▬▬▬ ▬ ▬▬▬▬▬ ▬▬▬▬▬▬ ▬▬ ▬▬▬ ▬▬▬▬ ▬ ▬▬▬▬▬ ▬▬▬▬▬▬ ▬▬ ▬▬▬ ▬▬▬▬ ▬ ▬▬▬▬▬ ▬▬▬▬▬▬ ▬▬ ▬▬▬ ▬▬▬▬ ▬ ▬▬▬▬▬ ▬▬▬▬▬▬ ▬▬ ▬▬▬ ▬▬▬▬ ▬ ▬▬▬▬▬ ▬▬▬▬▬▬ ▬▬ ▬▬▬ ▬▬▬▬ ▬ ▬▬▬▬▬ ▬▬▬▬▬▬ ▬▬ ▬▬▬ ▬▬▬▬

IMPORTANT AGREEMENT BY THE POWERS.
SUPPLY OF ARMS AND AMMU-NITION REGULATED.

▬ ▬▬▬▬▬ ▬▬▬▬▬▬ ▬▬ ▬▬▬ ▬▬▬▬ ▬ ▬▬▬▬▬ ▬▬▬▬▬▬ ▬▬ ▬▬▬ ▬▬▬▬ ▬ ▬▬▬▬▬ ▬▬▬▬▬▬ ▬▬ ▬▬▬ ▬▬▬▬ ▬ ▬▬▬▬▬ ▬▬▬▬▬▬ ▬▬ ▬▬▬ ▬▬▬▬ ▬ ▬▬▬▬▬ ▬▬▬▬▬▬ ▬▬ ▬▬▬ ▬▬▬▬ ▬ ▬▬▬▬▬ ▬▬▬▬▬▬ ▬▬ ▬▬▬ ▬▬▬▬ ▬ ▬▬▬▬▬ ▬▬▬▬▬▬ ▬▬ ▬▬▬ ▬▬▬▬ ▬ ▬▬▬▬▬ ▬▬▬▬▬▬ ▬▬ ▬▬▬ ▬▬▬▬ ▬ ▬▬▬▬▬ ▬▬▬▬▬▬ ▬▬ ▬▬▬ ▬▬▬▬ ▬ ▬▬▬▬▬ ▬▬▬▬▬▬ ▬▬ ▬▬▬ ▬▬▬▬ ▬ ▬▬▬▬▬ ▬▬▬▬▬▬ ▬▬ ▬▬▬ ▬▬▬▬ ▬ ▬▬▬▬▬ ▬▬▬▬▬▬ ▬▬ ▬▬▬ ▬▬▬▬ ▬ ▬▬▬▬▬ ▬▬▬▬▬▬ ▬▬ ▬▬▬ ▬▬▬▬ ▬ ▬▬▬▬▬ ▬▬▬▬▬▬ ▬▬ ▬▬▬ ▬▬▬▬ ▬ ▬▬▬▬▬ ▬▬▬▬▬▬ ▬▬ ▬▬▬ ▬▬▬▬
